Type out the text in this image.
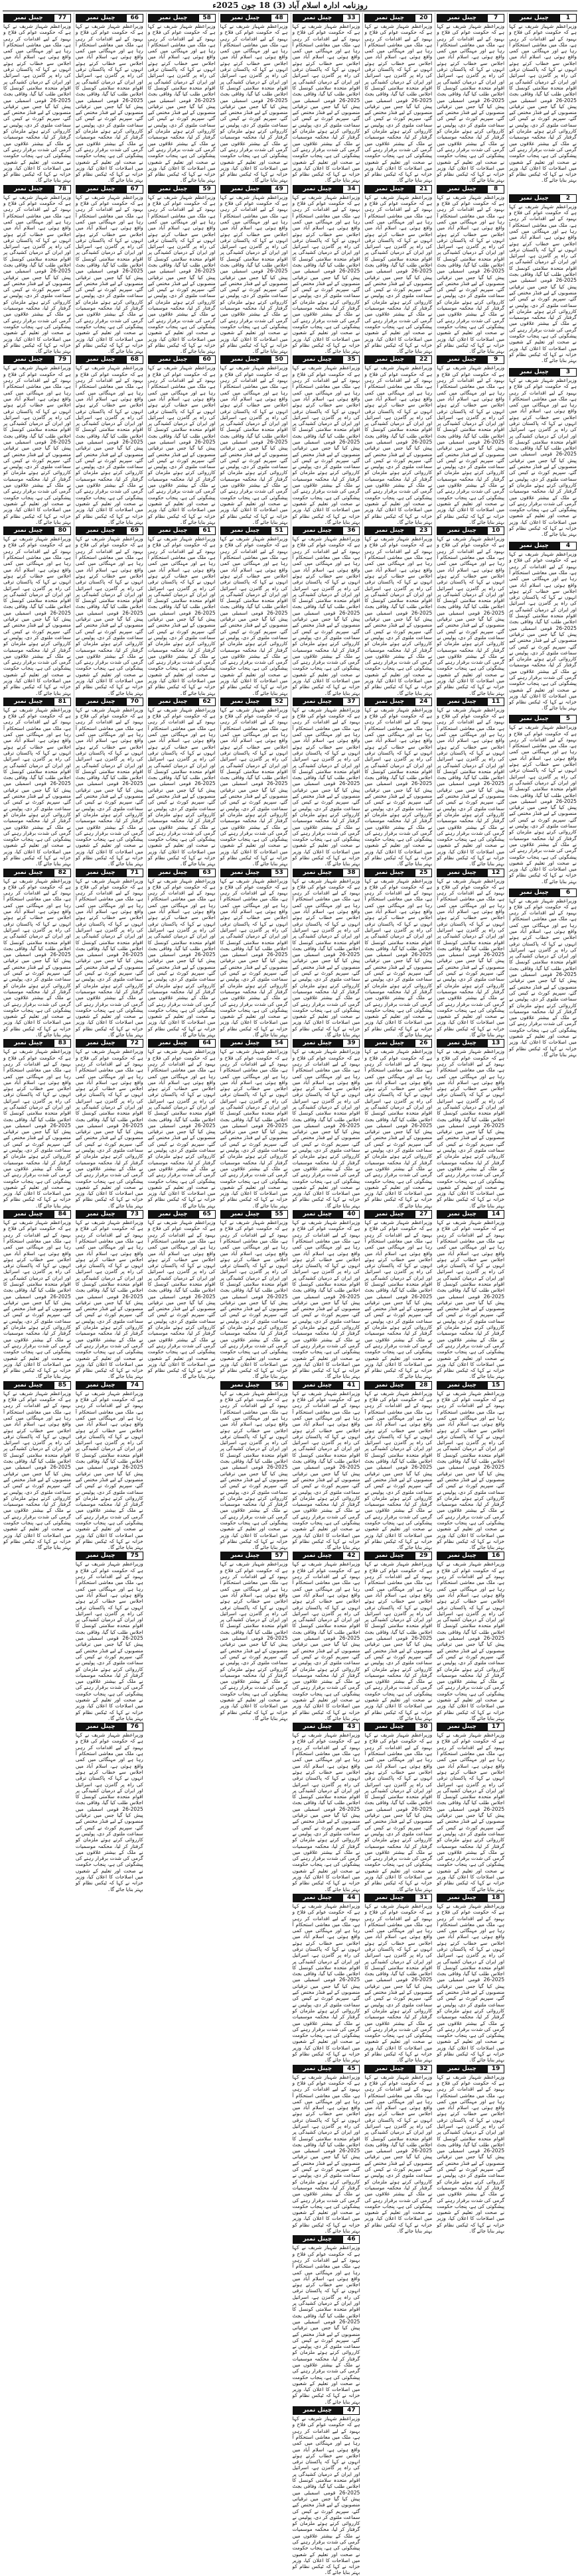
روزنامہ ادارہ اسلام آباد (3) 18 جون 2025ء
1
چینل نمبر
وزیراعظم شہباز شریف نے کہا ہے کہ حکومت عوام کی فلاح و بہبود کے لیے اقدامات کر رہی ہے، ملک میں معاشی استحکام آ رہا ہے اور مہنگائی میں کمی واقع ہوئی ہے، اسلام آباد میں اجلاس سے خطاب کرتے ہوئے انہوں نے کہا کہ پاکستان ترقی کی راہ پر گامزن ہے، اسرائیل اور ایران کے درمیان کشیدگی پر اقوام متحدہ سلامتی کونسل کا اجلاس طلب کیا گیا، وفاقی بجٹ 2025-26 قومی اسمبلی میں پیش کیا گیا جس میں ترقیاتی منصوبوں کے لیے فنڈز مختص کیے گئے، سپریم کورٹ نے کیس کی سماعت ملتوی کر دی، پولیس نے کارروائی کرتے ہوئے ملزمان کو گرفتار کر لیا، محکمہ موسمیات نے ملک کے بیشتر علاقوں میں گرمی کی شدت برقرار رہنے کی پیشگوئی کی ہے، پنجاب حکومت نے صحت اور تعلیم کے شعبوں میں اصلاحات کا اعلان کیا، وزیر خزانہ نے کہا کہ ٹیکس نظام کو بہتر بنایا جائے گا۔
2
چینل نمبر
وزیراعظم شہباز شریف نے کہا ہے کہ حکومت عوام کی فلاح و بہبود کے لیے اقدامات کر رہی ہے، ملک میں معاشی استحکام آ رہا ہے اور مہنگائی میں کمی واقع ہوئی ہے، اسلام آباد میں اجلاس سے خطاب کرتے ہوئے انہوں نے کہا کہ پاکستان ترقی کی راہ پر گامزن ہے، اسرائیل اور ایران کے درمیان کشیدگی پر اقوام متحدہ سلامتی کونسل کا اجلاس طلب کیا گیا، وفاقی بجٹ 2025-26 قومی اسمبلی میں پیش کیا گیا جس میں ترقیاتی منصوبوں کے لیے فنڈز مختص کیے گئے، سپریم کورٹ نے کیس کی سماعت ملتوی کر دی، پولیس نے کارروائی کرتے ہوئے ملزمان کو گرفتار کر لیا، محکمہ موسمیات نے ملک کے بیشتر علاقوں میں گرمی کی شدت برقرار رہنے کی پیشگوئی کی ہے، پنجاب حکومت نے صحت اور تعلیم کے شعبوں میں اصلاحات کا اعلان کیا، وزیر خزانہ نے کہا کہ ٹیکس نظام کو بہتر بنایا جائے گا۔
3
چینل نمبر
وزیراعظم شہباز شریف نے کہا ہے کہ حکومت عوام کی فلاح و بہبود کے لیے اقدامات کر رہی ہے، ملک میں معاشی استحکام آ رہا ہے اور مہنگائی میں کمی واقع ہوئی ہے، اسلام آباد میں اجلاس سے خطاب کرتے ہوئے انہوں نے کہا کہ پاکستان ترقی کی راہ پر گامزن ہے، اسرائیل اور ایران کے درمیان کشیدگی پر اقوام متحدہ سلامتی کونسل کا اجلاس طلب کیا گیا، وفاقی بجٹ 2025-26 قومی اسمبلی میں پیش کیا گیا جس میں ترقیاتی منصوبوں کے لیے فنڈز مختص کیے گئے، سپریم کورٹ نے کیس کی سماعت ملتوی کر دی، پولیس نے کارروائی کرتے ہوئے ملزمان کو گرفتار کر لیا، محکمہ موسمیات نے ملک کے بیشتر علاقوں میں گرمی کی شدت برقرار رہنے کی پیشگوئی کی ہے، پنجاب حکومت نے صحت اور تعلیم کے شعبوں میں اصلاحات کا اعلان کیا، وزیر خزانہ نے کہا کہ ٹیکس نظام کو بہتر بنایا جائے گا۔
4
چینل نمبر
وزیراعظم شہباز شریف نے کہا ہے کہ حکومت عوام کی فلاح و بہبود کے لیے اقدامات کر رہی ہے، ملک میں معاشی استحکام آ رہا ہے اور مہنگائی میں کمی واقع ہوئی ہے، اسلام آباد میں اجلاس سے خطاب کرتے ہوئے انہوں نے کہا کہ پاکستان ترقی کی راہ پر گامزن ہے، اسرائیل اور ایران کے درمیان کشیدگی پر اقوام متحدہ سلامتی کونسل کا اجلاس طلب کیا گیا، وفاقی بجٹ 2025-26 قومی اسمبلی میں پیش کیا گیا جس میں ترقیاتی منصوبوں کے لیے فنڈز مختص کیے گئے، سپریم کورٹ نے کیس کی سماعت ملتوی کر دی، پولیس نے کارروائی کرتے ہوئے ملزمان کو گرفتار کر لیا، محکمہ موسمیات نے ملک کے بیشتر علاقوں میں گرمی کی شدت برقرار رہنے کی پیشگوئی کی ہے، پنجاب حکومت نے صحت اور تعلیم کے شعبوں میں اصلاحات کا اعلان کیا، وزیر خزانہ نے کہا کہ ٹیکس نظام کو بہتر بنایا جائے گا۔
5
چینل نمبر
وزیراعظم شہباز شریف نے کہا ہے کہ حکومت عوام کی فلاح و بہبود کے لیے اقدامات کر رہی ہے، ملک میں معاشی استحکام آ رہا ہے اور مہنگائی میں کمی واقع ہوئی ہے، اسلام آباد میں اجلاس سے خطاب کرتے ہوئے انہوں نے کہا کہ پاکستان ترقی کی راہ پر گامزن ہے، اسرائیل اور ایران کے درمیان کشیدگی پر اقوام متحدہ سلامتی کونسل کا اجلاس طلب کیا گیا، وفاقی بجٹ 2025-26 قومی اسمبلی میں پیش کیا گیا جس میں ترقیاتی منصوبوں کے لیے فنڈز مختص کیے گئے، سپریم کورٹ نے کیس کی سماعت ملتوی کر دی، پولیس نے کارروائی کرتے ہوئے ملزمان کو گرفتار کر لیا، محکمہ موسمیات نے ملک کے بیشتر علاقوں میں گرمی کی شدت برقرار رہنے کی پیشگوئی کی ہے، پنجاب حکومت نے صحت اور تعلیم کے شعبوں میں اصلاحات کا اعلان کیا، وزیر خزانہ نے کہا کہ ٹیکس نظام کو بہتر بنایا جائے گا۔
6
چینل نمبر
وزیراعظم شہباز شریف نے کہا ہے کہ حکومت عوام کی فلاح و بہبود کے لیے اقدامات کر رہی ہے، ملک میں معاشی استحکام آ رہا ہے اور مہنگائی میں کمی واقع ہوئی ہے، اسلام آباد میں اجلاس سے خطاب کرتے ہوئے انہوں نے کہا کہ پاکستان ترقی کی راہ پر گامزن ہے، اسرائیل اور ایران کے درمیان کشیدگی پر اقوام متحدہ سلامتی کونسل کا اجلاس طلب کیا گیا، وفاقی بجٹ 2025-26 قومی اسمبلی میں پیش کیا گیا جس میں ترقیاتی منصوبوں کے لیے فنڈز مختص کیے گئے، سپریم کورٹ نے کیس کی سماعت ملتوی کر دی، پولیس نے کارروائی کرتے ہوئے ملزمان کو گرفتار کر لیا، محکمہ موسمیات نے ملک کے بیشتر علاقوں میں گرمی کی شدت برقرار رہنے کی پیشگوئی کی ہے، پنجاب حکومت نے صحت اور تعلیم کے شعبوں میں اصلاحات کا اعلان کیا، وزیر خزانہ نے کہا کہ ٹیکس نظام کو بہتر بنایا جائے گا۔
7
چینل نمبر
وزیراعظم شہباز شریف نے کہا ہے کہ حکومت عوام کی فلاح و بہبود کے لیے اقدامات کر رہی ہے، ملک میں معاشی استحکام آ رہا ہے اور مہنگائی میں کمی واقع ہوئی ہے، اسلام آباد میں اجلاس سے خطاب کرتے ہوئے انہوں نے کہا کہ پاکستان ترقی کی راہ پر گامزن ہے، اسرائیل اور ایران کے درمیان کشیدگی پر اقوام متحدہ سلامتی کونسل کا اجلاس طلب کیا گیا، وفاقی بجٹ 2025-26 قومی اسمبلی میں پیش کیا گیا جس میں ترقیاتی منصوبوں کے لیے فنڈز مختص کیے گئے، سپریم کورٹ نے کیس کی سماعت ملتوی کر دی، پولیس نے کارروائی کرتے ہوئے ملزمان کو گرفتار کر لیا، محکمہ موسمیات نے ملک کے بیشتر علاقوں میں گرمی کی شدت برقرار رہنے کی پیشگوئی کی ہے، پنجاب حکومت نے صحت اور تعلیم کے شعبوں میں اصلاحات کا اعلان کیا، وزیر خزانہ نے کہا کہ ٹیکس نظام کو بہتر بنایا جائے گا۔
8
چینل نمبر
وزیراعظم شہباز شریف نے کہا ہے کہ حکومت عوام کی فلاح و بہبود کے لیے اقدامات کر رہی ہے، ملک میں معاشی استحکام آ رہا ہے اور مہنگائی میں کمی واقع ہوئی ہے، اسلام آباد میں اجلاس سے خطاب کرتے ہوئے انہوں نے کہا کہ پاکستان ترقی کی راہ پر گامزن ہے، اسرائیل اور ایران کے درمیان کشیدگی پر اقوام متحدہ سلامتی کونسل کا اجلاس طلب کیا گیا، وفاقی بجٹ 2025-26 قومی اسمبلی میں پیش کیا گیا جس میں ترقیاتی منصوبوں کے لیے فنڈز مختص کیے گئے، سپریم کورٹ نے کیس کی سماعت ملتوی کر دی، پولیس نے کارروائی کرتے ہوئے ملزمان کو گرفتار کر لیا، محکمہ موسمیات نے ملک کے بیشتر علاقوں میں گرمی کی شدت برقرار رہنے کی پیشگوئی کی ہے، پنجاب حکومت نے صحت اور تعلیم کے شعبوں میں اصلاحات کا اعلان کیا، وزیر خزانہ نے کہا کہ ٹیکس نظام کو بہتر بنایا جائے گا۔
9
چینل نمبر
وزیراعظم شہباز شریف نے کہا ہے کہ حکومت عوام کی فلاح و بہبود کے لیے اقدامات کر رہی ہے، ملک میں معاشی استحکام آ رہا ہے اور مہنگائی میں کمی واقع ہوئی ہے، اسلام آباد میں اجلاس سے خطاب کرتے ہوئے انہوں نے کہا کہ پاکستان ترقی کی راہ پر گامزن ہے، اسرائیل اور ایران کے درمیان کشیدگی پر اقوام متحدہ سلامتی کونسل کا اجلاس طلب کیا گیا، وفاقی بجٹ 2025-26 قومی اسمبلی میں پیش کیا گیا جس میں ترقیاتی منصوبوں کے لیے فنڈز مختص کیے گئے، سپریم کورٹ نے کیس کی سماعت ملتوی کر دی، پولیس نے کارروائی کرتے ہوئے ملزمان کو گرفتار کر لیا، محکمہ موسمیات نے ملک کے بیشتر علاقوں میں گرمی کی شدت برقرار رہنے کی پیشگوئی کی ہے، پنجاب حکومت نے صحت اور تعلیم کے شعبوں میں اصلاحات کا اعلان کیا، وزیر خزانہ نے کہا کہ ٹیکس نظام کو بہتر بنایا جائے گا۔
10
چینل نمبر
وزیراعظم شہباز شریف نے کہا ہے کہ حکومت عوام کی فلاح و بہبود کے لیے اقدامات کر رہی ہے، ملک میں معاشی استحکام آ رہا ہے اور مہنگائی میں کمی واقع ہوئی ہے، اسلام آباد میں اجلاس سے خطاب کرتے ہوئے انہوں نے کہا کہ پاکستان ترقی کی راہ پر گامزن ہے، اسرائیل اور ایران کے درمیان کشیدگی پر اقوام متحدہ سلامتی کونسل کا اجلاس طلب کیا گیا، وفاقی بجٹ 2025-26 قومی اسمبلی میں پیش کیا گیا جس میں ترقیاتی منصوبوں کے لیے فنڈز مختص کیے گئے، سپریم کورٹ نے کیس کی سماعت ملتوی کر دی، پولیس نے کارروائی کرتے ہوئے ملزمان کو گرفتار کر لیا، محکمہ موسمیات نے ملک کے بیشتر علاقوں میں گرمی کی شدت برقرار رہنے کی پیشگوئی کی ہے، پنجاب حکومت نے صحت اور تعلیم کے شعبوں میں اصلاحات کا اعلان کیا، وزیر خزانہ نے کہا کہ ٹیکس نظام کو بہتر بنایا جائے گا۔
11
چینل نمبر
وزیراعظم شہباز شریف نے کہا ہے کہ حکومت عوام کی فلاح و بہبود کے لیے اقدامات کر رہی ہے، ملک میں معاشی استحکام آ رہا ہے اور مہنگائی میں کمی واقع ہوئی ہے، اسلام آباد میں اجلاس سے خطاب کرتے ہوئے انہوں نے کہا کہ پاکستان ترقی کی راہ پر گامزن ہے، اسرائیل اور ایران کے درمیان کشیدگی پر اقوام متحدہ سلامتی کونسل کا اجلاس طلب کیا گیا، وفاقی بجٹ 2025-26 قومی اسمبلی میں پیش کیا گیا جس میں ترقیاتی منصوبوں کے لیے فنڈز مختص کیے گئے، سپریم کورٹ نے کیس کی سماعت ملتوی کر دی، پولیس نے کارروائی کرتے ہوئے ملزمان کو گرفتار کر لیا، محکمہ موسمیات نے ملک کے بیشتر علاقوں میں گرمی کی شدت برقرار رہنے کی پیشگوئی کی ہے، پنجاب حکومت نے صحت اور تعلیم کے شعبوں میں اصلاحات کا اعلان کیا، وزیر خزانہ نے کہا کہ ٹیکس نظام کو بہتر بنایا جائے گا۔
12
چینل نمبر
وزیراعظم شہباز شریف نے کہا ہے کہ حکومت عوام کی فلاح و بہبود کے لیے اقدامات کر رہی ہے، ملک میں معاشی استحکام آ رہا ہے اور مہنگائی میں کمی واقع ہوئی ہے، اسلام آباد میں اجلاس سے خطاب کرتے ہوئے انہوں نے کہا کہ پاکستان ترقی کی راہ پر گامزن ہے، اسرائیل اور ایران کے درمیان کشیدگی پر اقوام متحدہ سلامتی کونسل کا اجلاس طلب کیا گیا، وفاقی بجٹ 2025-26 قومی اسمبلی میں پیش کیا گیا جس میں ترقیاتی منصوبوں کے لیے فنڈز مختص کیے گئے، سپریم کورٹ نے کیس کی سماعت ملتوی کر دی، پولیس نے کارروائی کرتے ہوئے ملزمان کو گرفتار کر لیا، محکمہ موسمیات نے ملک کے بیشتر علاقوں میں گرمی کی شدت برقرار رہنے کی پیشگوئی کی ہے، پنجاب حکومت نے صحت اور تعلیم کے شعبوں میں اصلاحات کا اعلان کیا، وزیر خزانہ نے کہا کہ ٹیکس نظام کو بہتر بنایا جائے گا۔
13
چینل نمبر
وزیراعظم شہباز شریف نے کہا ہے کہ حکومت عوام کی فلاح و بہبود کے لیے اقدامات کر رہی ہے، ملک میں معاشی استحکام آ رہا ہے اور مہنگائی میں کمی واقع ہوئی ہے، اسلام آباد میں اجلاس سے خطاب کرتے ہوئے انہوں نے کہا کہ پاکستان ترقی کی راہ پر گامزن ہے، اسرائیل اور ایران کے درمیان کشیدگی پر اقوام متحدہ سلامتی کونسل کا اجلاس طلب کیا گیا، وفاقی بجٹ 2025-26 قومی اسمبلی میں پیش کیا گیا جس میں ترقیاتی منصوبوں کے لیے فنڈز مختص کیے گئے، سپریم کورٹ نے کیس کی سماعت ملتوی کر دی، پولیس نے کارروائی کرتے ہوئے ملزمان کو گرفتار کر لیا، محکمہ موسمیات نے ملک کے بیشتر علاقوں میں گرمی کی شدت برقرار رہنے کی پیشگوئی کی ہے، پنجاب حکومت نے صحت اور تعلیم کے شعبوں میں اصلاحات کا اعلان کیا، وزیر خزانہ نے کہا کہ ٹیکس نظام کو بہتر بنایا جائے گا۔
14
چینل نمبر
وزیراعظم شہباز شریف نے کہا ہے کہ حکومت عوام کی فلاح و بہبود کے لیے اقدامات کر رہی ہے، ملک میں معاشی استحکام آ رہا ہے اور مہنگائی میں کمی واقع ہوئی ہے، اسلام آباد میں اجلاس سے خطاب کرتے ہوئے انہوں نے کہا کہ پاکستان ترقی کی راہ پر گامزن ہے، اسرائیل اور ایران کے درمیان کشیدگی پر اقوام متحدہ سلامتی کونسل کا اجلاس طلب کیا گیا، وفاقی بجٹ 2025-26 قومی اسمبلی میں پیش کیا گیا جس میں ترقیاتی منصوبوں کے لیے فنڈز مختص کیے گئے، سپریم کورٹ نے کیس کی سماعت ملتوی کر دی، پولیس نے کارروائی کرتے ہوئے ملزمان کو گرفتار کر لیا، محکمہ موسمیات نے ملک کے بیشتر علاقوں میں گرمی کی شدت برقرار رہنے کی پیشگوئی کی ہے، پنجاب حکومت نے صحت اور تعلیم کے شعبوں میں اصلاحات کا اعلان کیا، وزیر خزانہ نے کہا کہ ٹیکس نظام کو بہتر بنایا جائے گا۔
15
چینل نمبر
وزیراعظم شہباز شریف نے کہا ہے کہ حکومت عوام کی فلاح و بہبود کے لیے اقدامات کر رہی ہے، ملک میں معاشی استحکام آ رہا ہے اور مہنگائی میں کمی واقع ہوئی ہے، اسلام آباد میں اجلاس سے خطاب کرتے ہوئے انہوں نے کہا کہ پاکستان ترقی کی راہ پر گامزن ہے، اسرائیل اور ایران کے درمیان کشیدگی پر اقوام متحدہ سلامتی کونسل کا اجلاس طلب کیا گیا، وفاقی بجٹ 2025-26 قومی اسمبلی میں پیش کیا گیا جس میں ترقیاتی منصوبوں کے لیے فنڈز مختص کیے گئے، سپریم کورٹ نے کیس کی سماعت ملتوی کر دی، پولیس نے کارروائی کرتے ہوئے ملزمان کو گرفتار کر لیا، محکمہ موسمیات نے ملک کے بیشتر علاقوں میں گرمی کی شدت برقرار رہنے کی پیشگوئی کی ہے، پنجاب حکومت نے صحت اور تعلیم کے شعبوں میں اصلاحات کا اعلان کیا، وزیر خزانہ نے کہا کہ ٹیکس نظام کو بہتر بنایا جائے گا۔
16
چینل نمبر
وزیراعظم شہباز شریف نے کہا ہے کہ حکومت عوام کی فلاح و بہبود کے لیے اقدامات کر رہی ہے، ملک میں معاشی استحکام آ رہا ہے اور مہنگائی میں کمی واقع ہوئی ہے، اسلام آباد میں اجلاس سے خطاب کرتے ہوئے انہوں نے کہا کہ پاکستان ترقی کی راہ پر گامزن ہے، اسرائیل اور ایران کے درمیان کشیدگی پر اقوام متحدہ سلامتی کونسل کا اجلاس طلب کیا گیا، وفاقی بجٹ 2025-26 قومی اسمبلی میں پیش کیا گیا جس میں ترقیاتی منصوبوں کے لیے فنڈز مختص کیے گئے، سپریم کورٹ نے کیس کی سماعت ملتوی کر دی، پولیس نے کارروائی کرتے ہوئے ملزمان کو گرفتار کر لیا، محکمہ موسمیات نے ملک کے بیشتر علاقوں میں گرمی کی شدت برقرار رہنے کی پیشگوئی کی ہے، پنجاب حکومت نے صحت اور تعلیم کے شعبوں میں اصلاحات کا اعلان کیا، وزیر خزانہ نے کہا کہ ٹیکس نظام کو بہتر بنایا جائے گا۔
17
چینل نمبر
وزیراعظم شہباز شریف نے کہا ہے کہ حکومت عوام کی فلاح و بہبود کے لیے اقدامات کر رہی ہے، ملک میں معاشی استحکام آ رہا ہے اور مہنگائی میں کمی واقع ہوئی ہے، اسلام آباد میں اجلاس سے خطاب کرتے ہوئے انہوں نے کہا کہ پاکستان ترقی کی راہ پر گامزن ہے، اسرائیل اور ایران کے درمیان کشیدگی پر اقوام متحدہ سلامتی کونسل کا اجلاس طلب کیا گیا، وفاقی بجٹ 2025-26 قومی اسمبلی میں پیش کیا گیا جس میں ترقیاتی منصوبوں کے لیے فنڈز مختص کیے گئے، سپریم کورٹ نے کیس کی سماعت ملتوی کر دی، پولیس نے کارروائی کرتے ہوئے ملزمان کو گرفتار کر لیا، محکمہ موسمیات نے ملک کے بیشتر علاقوں میں گرمی کی شدت برقرار رہنے کی پیشگوئی کی ہے، پنجاب حکومت نے صحت اور تعلیم کے شعبوں میں اصلاحات کا اعلان کیا، وزیر خزانہ نے کہا کہ ٹیکس نظام کو بہتر بنایا جائے گا۔
18
چینل نمبر
وزیراعظم شہباز شریف نے کہا ہے کہ حکومت عوام کی فلاح و بہبود کے لیے اقدامات کر رہی ہے، ملک میں معاشی استحکام آ رہا ہے اور مہنگائی میں کمی واقع ہوئی ہے، اسلام آباد میں اجلاس سے خطاب کرتے ہوئے انہوں نے کہا کہ پاکستان ترقی کی راہ پر گامزن ہے، اسرائیل اور ایران کے درمیان کشیدگی پر اقوام متحدہ سلامتی کونسل کا اجلاس طلب کیا گیا، وفاقی بجٹ 2025-26 قومی اسمبلی میں پیش کیا گیا جس میں ترقیاتی منصوبوں کے لیے فنڈز مختص کیے گئے، سپریم کورٹ نے کیس کی سماعت ملتوی کر دی، پولیس نے کارروائی کرتے ہوئے ملزمان کو گرفتار کر لیا، محکمہ موسمیات نے ملک کے بیشتر علاقوں میں گرمی کی شدت برقرار رہنے کی پیشگوئی کی ہے، پنجاب حکومت نے صحت اور تعلیم کے شعبوں میں اصلاحات کا اعلان کیا، وزیر خزانہ نے کہا کہ ٹیکس نظام کو بہتر بنایا جائے گا۔
19
چینل نمبر
وزیراعظم شہباز شریف نے کہا ہے کہ حکومت عوام کی فلاح و بہبود کے لیے اقدامات کر رہی ہے، ملک میں معاشی استحکام آ رہا ہے اور مہنگائی میں کمی واقع ہوئی ہے، اسلام آباد میں اجلاس سے خطاب کرتے ہوئے انہوں نے کہا کہ پاکستان ترقی کی راہ پر گامزن ہے، اسرائیل اور ایران کے درمیان کشیدگی پر اقوام متحدہ سلامتی کونسل کا اجلاس طلب کیا گیا، وفاقی بجٹ 2025-26 قومی اسمبلی میں پیش کیا گیا جس میں ترقیاتی منصوبوں کے لیے فنڈز مختص کیے گئے، سپریم کورٹ نے کیس کی سماعت ملتوی کر دی، پولیس نے کارروائی کرتے ہوئے ملزمان کو گرفتار کر لیا، محکمہ موسمیات نے ملک کے بیشتر علاقوں میں گرمی کی شدت برقرار رہنے کی پیشگوئی کی ہے، پنجاب حکومت نے صحت اور تعلیم کے شعبوں میں اصلاحات کا اعلان کیا، وزیر خزانہ نے کہا کہ ٹیکس نظام کو بہتر بنایا جائے گا۔
20
چینل نمبر
وزیراعظم شہباز شریف نے کہا ہے کہ حکومت عوام کی فلاح و بہبود کے لیے اقدامات کر رہی ہے، ملک میں معاشی استحکام آ رہا ہے اور مہنگائی میں کمی واقع ہوئی ہے، اسلام آباد میں اجلاس سے خطاب کرتے ہوئے انہوں نے کہا کہ پاکستان ترقی کی راہ پر گامزن ہے، اسرائیل اور ایران کے درمیان کشیدگی پر اقوام متحدہ سلامتی کونسل کا اجلاس طلب کیا گیا، وفاقی بجٹ 2025-26 قومی اسمبلی میں پیش کیا گیا جس میں ترقیاتی منصوبوں کے لیے فنڈز مختص کیے گئے، سپریم کورٹ نے کیس کی سماعت ملتوی کر دی، پولیس نے کارروائی کرتے ہوئے ملزمان کو گرفتار کر لیا، محکمہ موسمیات نے ملک کے بیشتر علاقوں میں گرمی کی شدت برقرار رہنے کی پیشگوئی کی ہے، پنجاب حکومت نے صحت اور تعلیم کے شعبوں میں اصلاحات کا اعلان کیا، وزیر خزانہ نے کہا کہ ٹیکس نظام کو بہتر بنایا جائے گا۔
21
چینل نمبر
وزیراعظم شہباز شریف نے کہا ہے کہ حکومت عوام کی فلاح و بہبود کے لیے اقدامات کر رہی ہے، ملک میں معاشی استحکام آ رہا ہے اور مہنگائی میں کمی واقع ہوئی ہے، اسلام آباد میں اجلاس سے خطاب کرتے ہوئے انہوں نے کہا کہ پاکستان ترقی کی راہ پر گامزن ہے، اسرائیل اور ایران کے درمیان کشیدگی پر اقوام متحدہ سلامتی کونسل کا اجلاس طلب کیا گیا، وفاقی بجٹ 2025-26 قومی اسمبلی میں پیش کیا گیا جس میں ترقیاتی منصوبوں کے لیے فنڈز مختص کیے گئے، سپریم کورٹ نے کیس کی سماعت ملتوی کر دی، پولیس نے کارروائی کرتے ہوئے ملزمان کو گرفتار کر لیا، محکمہ موسمیات نے ملک کے بیشتر علاقوں میں گرمی کی شدت برقرار رہنے کی پیشگوئی کی ہے، پنجاب حکومت نے صحت اور تعلیم کے شعبوں میں اصلاحات کا اعلان کیا، وزیر خزانہ نے کہا کہ ٹیکس نظام کو بہتر بنایا جائے گا۔
22
چینل نمبر
وزیراعظم شہباز شریف نے کہا ہے کہ حکومت عوام کی فلاح و بہبود کے لیے اقدامات کر رہی ہے، ملک میں معاشی استحکام آ رہا ہے اور مہنگائی میں کمی واقع ہوئی ہے، اسلام آباد میں اجلاس سے خطاب کرتے ہوئے انہوں نے کہا کہ پاکستان ترقی کی راہ پر گامزن ہے، اسرائیل اور ایران کے درمیان کشیدگی پر اقوام متحدہ سلامتی کونسل کا اجلاس طلب کیا گیا، وفاقی بجٹ 2025-26 قومی اسمبلی میں پیش کیا گیا جس میں ترقیاتی منصوبوں کے لیے فنڈز مختص کیے گئے، سپریم کورٹ نے کیس کی سماعت ملتوی کر دی، پولیس نے کارروائی کرتے ہوئے ملزمان کو گرفتار کر لیا، محکمہ موسمیات نے ملک کے بیشتر علاقوں میں گرمی کی شدت برقرار رہنے کی پیشگوئی کی ہے، پنجاب حکومت نے صحت اور تعلیم کے شعبوں میں اصلاحات کا اعلان کیا، وزیر خزانہ نے کہا کہ ٹیکس نظام کو بہتر بنایا جائے گا۔
23
چینل نمبر
وزیراعظم شہباز شریف نے کہا ہے کہ حکومت عوام کی فلاح و بہبود کے لیے اقدامات کر رہی ہے، ملک میں معاشی استحکام آ رہا ہے اور مہنگائی میں کمی واقع ہوئی ہے، اسلام آباد میں اجلاس سے خطاب کرتے ہوئے انہوں نے کہا کہ پاکستان ترقی کی راہ پر گامزن ہے، اسرائیل اور ایران کے درمیان کشیدگی پر اقوام متحدہ سلامتی کونسل کا اجلاس طلب کیا گیا، وفاقی بجٹ 2025-26 قومی اسمبلی میں پیش کیا گیا جس میں ترقیاتی منصوبوں کے لیے فنڈز مختص کیے گئے، سپریم کورٹ نے کیس کی سماعت ملتوی کر دی، پولیس نے کارروائی کرتے ہوئے ملزمان کو گرفتار کر لیا، محکمہ موسمیات نے ملک کے بیشتر علاقوں میں گرمی کی شدت برقرار رہنے کی پیشگوئی کی ہے، پنجاب حکومت نے صحت اور تعلیم کے شعبوں میں اصلاحات کا اعلان کیا، وزیر خزانہ نے کہا کہ ٹیکس نظام کو بہتر بنایا جائے گا۔
24
چینل نمبر
وزیراعظم شہباز شریف نے کہا ہے کہ حکومت عوام کی فلاح و بہبود کے لیے اقدامات کر رہی ہے، ملک میں معاشی استحکام آ رہا ہے اور مہنگائی میں کمی واقع ہوئی ہے، اسلام آباد میں اجلاس سے خطاب کرتے ہوئے انہوں نے کہا کہ پاکستان ترقی کی راہ پر گامزن ہے، اسرائیل اور ایران کے درمیان کشیدگی پر اقوام متحدہ سلامتی کونسل کا اجلاس طلب کیا گیا، وفاقی بجٹ 2025-26 قومی اسمبلی میں پیش کیا گیا جس میں ترقیاتی منصوبوں کے لیے فنڈز مختص کیے گئے، سپریم کورٹ نے کیس کی سماعت ملتوی کر دی، پولیس نے کارروائی کرتے ہوئے ملزمان کو گرفتار کر لیا، محکمہ موسمیات نے ملک کے بیشتر علاقوں میں گرمی کی شدت برقرار رہنے کی پیشگوئی کی ہے، پنجاب حکومت نے صحت اور تعلیم کے شعبوں میں اصلاحات کا اعلان کیا، وزیر خزانہ نے کہا کہ ٹیکس نظام کو بہتر بنایا جائے گا۔
25
چینل نمبر
وزیراعظم شہباز شریف نے کہا ہے کہ حکومت عوام کی فلاح و بہبود کے لیے اقدامات کر رہی ہے، ملک میں معاشی استحکام آ رہا ہے اور مہنگائی میں کمی واقع ہوئی ہے، اسلام آباد میں اجلاس سے خطاب کرتے ہوئے انہوں نے کہا کہ پاکستان ترقی کی راہ پر گامزن ہے، اسرائیل اور ایران کے درمیان کشیدگی پر اقوام متحدہ سلامتی کونسل کا اجلاس طلب کیا گیا، وفاقی بجٹ 2025-26 قومی اسمبلی میں پیش کیا گیا جس میں ترقیاتی منصوبوں کے لیے فنڈز مختص کیے گئے، سپریم کورٹ نے کیس کی سماعت ملتوی کر دی، پولیس نے کارروائی کرتے ہوئے ملزمان کو گرفتار کر لیا، محکمہ موسمیات نے ملک کے بیشتر علاقوں میں گرمی کی شدت برقرار رہنے کی پیشگوئی کی ہے، پنجاب حکومت نے صحت اور تعلیم کے شعبوں میں اصلاحات کا اعلان کیا، وزیر خزانہ نے کہا کہ ٹیکس نظام کو بہتر بنایا جائے گا۔
26
چینل نمبر
وزیراعظم شہباز شریف نے کہا ہے کہ حکومت عوام کی فلاح و بہبود کے لیے اقدامات کر رہی ہے، ملک میں معاشی استحکام آ رہا ہے اور مہنگائی میں کمی واقع ہوئی ہے، اسلام آباد میں اجلاس سے خطاب کرتے ہوئے انہوں نے کہا کہ پاکستان ترقی کی راہ پر گامزن ہے، اسرائیل اور ایران کے درمیان کشیدگی پر اقوام متحدہ سلامتی کونسل کا اجلاس طلب کیا گیا، وفاقی بجٹ 2025-26 قومی اسمبلی میں پیش کیا گیا جس میں ترقیاتی منصوبوں کے لیے فنڈز مختص کیے گئے، سپریم کورٹ نے کیس کی سماعت ملتوی کر دی، پولیس نے کارروائی کرتے ہوئے ملزمان کو گرفتار کر لیا، محکمہ موسمیات نے ملک کے بیشتر علاقوں میں گرمی کی شدت برقرار رہنے کی پیشگوئی کی ہے، پنجاب حکومت نے صحت اور تعلیم کے شعبوں میں اصلاحات کا اعلان کیا، وزیر خزانہ نے کہا کہ ٹیکس نظام کو بہتر بنایا جائے گا۔
27
چینل نمبر
وزیراعظم شہباز شریف نے کہا ہے کہ حکومت عوام کی فلاح و بہبود کے لیے اقدامات کر رہی ہے، ملک میں معاشی استحکام آ رہا ہے اور مہنگائی میں کمی واقع ہوئی ہے، اسلام آباد میں اجلاس سے خطاب کرتے ہوئے انہوں نے کہا کہ پاکستان ترقی کی راہ پر گامزن ہے، اسرائیل اور ایران کے درمیان کشیدگی پر اقوام متحدہ سلامتی کونسل کا اجلاس طلب کیا گیا، وفاقی بجٹ 2025-26 قومی اسمبلی میں پیش کیا گیا جس میں ترقیاتی منصوبوں کے لیے فنڈز مختص کیے گئے، سپریم کورٹ نے کیس کی سماعت ملتوی کر دی، پولیس نے کارروائی کرتے ہوئے ملزمان کو گرفتار کر لیا، محکمہ موسمیات نے ملک کے بیشتر علاقوں میں گرمی کی شدت برقرار رہنے کی پیشگوئی کی ہے، پنجاب حکومت نے صحت اور تعلیم کے شعبوں میں اصلاحات کا اعلان کیا، وزیر خزانہ نے کہا کہ ٹیکس نظام کو بہتر بنایا جائے گا۔
28
چینل نمبر
وزیراعظم شہباز شریف نے کہا ہے کہ حکومت عوام کی فلاح و بہبود کے لیے اقدامات کر رہی ہے، ملک میں معاشی استحکام آ رہا ہے اور مہنگائی میں کمی واقع ہوئی ہے، اسلام آباد میں اجلاس سے خطاب کرتے ہوئے انہوں نے کہا کہ پاکستان ترقی کی راہ پر گامزن ہے، اسرائیل اور ایران کے درمیان کشیدگی پر اقوام متحدہ سلامتی کونسل کا اجلاس طلب کیا گیا، وفاقی بجٹ 2025-26 قومی اسمبلی میں پیش کیا گیا جس میں ترقیاتی منصوبوں کے لیے فنڈز مختص کیے گئے، سپریم کورٹ نے کیس کی سماعت ملتوی کر دی، پولیس نے کارروائی کرتے ہوئے ملزمان کو گرفتار کر لیا، محکمہ موسمیات نے ملک کے بیشتر علاقوں میں گرمی کی شدت برقرار رہنے کی پیشگوئی کی ہے، پنجاب حکومت نے صحت اور تعلیم کے شعبوں میں اصلاحات کا اعلان کیا، وزیر خزانہ نے کہا کہ ٹیکس نظام کو بہتر بنایا جائے گا۔
29
چینل نمبر
وزیراعظم شہباز شریف نے کہا ہے کہ حکومت عوام کی فلاح و بہبود کے لیے اقدامات کر رہی ہے، ملک میں معاشی استحکام آ رہا ہے اور مہنگائی میں کمی واقع ہوئی ہے، اسلام آباد میں اجلاس سے خطاب کرتے ہوئے انہوں نے کہا کہ پاکستان ترقی کی راہ پر گامزن ہے، اسرائیل اور ایران کے درمیان کشیدگی پر اقوام متحدہ سلامتی کونسل کا اجلاس طلب کیا گیا، وفاقی بجٹ 2025-26 قومی اسمبلی میں پیش کیا گیا جس میں ترقیاتی منصوبوں کے لیے فنڈز مختص کیے گئے، سپریم کورٹ نے کیس کی سماعت ملتوی کر دی، پولیس نے کارروائی کرتے ہوئے ملزمان کو گرفتار کر لیا، محکمہ موسمیات نے ملک کے بیشتر علاقوں میں گرمی کی شدت برقرار رہنے کی پیشگوئی کی ہے، پنجاب حکومت نے صحت اور تعلیم کے شعبوں میں اصلاحات کا اعلان کیا، وزیر خزانہ نے کہا کہ ٹیکس نظام کو بہتر بنایا جائے گا۔
30
چینل نمبر
وزیراعظم شہباز شریف نے کہا ہے کہ حکومت عوام کی فلاح و بہبود کے لیے اقدامات کر رہی ہے، ملک میں معاشی استحکام آ رہا ہے اور مہنگائی میں کمی واقع ہوئی ہے، اسلام آباد میں اجلاس سے خطاب کرتے ہوئے انہوں نے کہا کہ پاکستان ترقی کی راہ پر گامزن ہے، اسرائیل اور ایران کے درمیان کشیدگی پر اقوام متحدہ سلامتی کونسل کا اجلاس طلب کیا گیا، وفاقی بجٹ 2025-26 قومی اسمبلی میں پیش کیا گیا جس میں ترقیاتی منصوبوں کے لیے فنڈز مختص کیے گئے، سپریم کورٹ نے کیس کی سماعت ملتوی کر دی، پولیس نے کارروائی کرتے ہوئے ملزمان کو گرفتار کر لیا، محکمہ موسمیات نے ملک کے بیشتر علاقوں میں گرمی کی شدت برقرار رہنے کی پیشگوئی کی ہے، پنجاب حکومت نے صحت اور تعلیم کے شعبوں میں اصلاحات کا اعلان کیا، وزیر خزانہ نے کہا کہ ٹیکس نظام کو بہتر بنایا جائے گا۔
31
چینل نمبر
وزیراعظم شہباز شریف نے کہا ہے کہ حکومت عوام کی فلاح و بہبود کے لیے اقدامات کر رہی ہے، ملک میں معاشی استحکام آ رہا ہے اور مہنگائی میں کمی واقع ہوئی ہے، اسلام آباد میں اجلاس سے خطاب کرتے ہوئے انہوں نے کہا کہ پاکستان ترقی کی راہ پر گامزن ہے، اسرائیل اور ایران کے درمیان کشیدگی پر اقوام متحدہ سلامتی کونسل کا اجلاس طلب کیا گیا، وفاقی بجٹ 2025-26 قومی اسمبلی میں پیش کیا گیا جس میں ترقیاتی منصوبوں کے لیے فنڈز مختص کیے گئے، سپریم کورٹ نے کیس کی سماعت ملتوی کر دی، پولیس نے کارروائی کرتے ہوئے ملزمان کو گرفتار کر لیا، محکمہ موسمیات نے ملک کے بیشتر علاقوں میں گرمی کی شدت برقرار رہنے کی پیشگوئی کی ہے، پنجاب حکومت نے صحت اور تعلیم کے شعبوں میں اصلاحات کا اعلان کیا، وزیر خزانہ نے کہا کہ ٹیکس نظام کو بہتر بنایا جائے گا۔
32
چینل نمبر
وزیراعظم شہباز شریف نے کہا ہے کہ حکومت عوام کی فلاح و بہبود کے لیے اقدامات کر رہی ہے، ملک میں معاشی استحکام آ رہا ہے اور مہنگائی میں کمی واقع ہوئی ہے، اسلام آباد میں اجلاس سے خطاب کرتے ہوئے انہوں نے کہا کہ پاکستان ترقی کی راہ پر گامزن ہے، اسرائیل اور ایران کے درمیان کشیدگی پر اقوام متحدہ سلامتی کونسل کا اجلاس طلب کیا گیا، وفاقی بجٹ 2025-26 قومی اسمبلی میں پیش کیا گیا جس میں ترقیاتی منصوبوں کے لیے فنڈز مختص کیے گئے، سپریم کورٹ نے کیس کی سماعت ملتوی کر دی، پولیس نے کارروائی کرتے ہوئے ملزمان کو گرفتار کر لیا، محکمہ موسمیات نے ملک کے بیشتر علاقوں میں گرمی کی شدت برقرار رہنے کی پیشگوئی کی ہے، پنجاب حکومت نے صحت اور تعلیم کے شعبوں میں اصلاحات کا اعلان کیا، وزیر خزانہ نے کہا کہ ٹیکس نظام کو بہتر بنایا جائے گا۔
33
چینل نمبر
وزیراعظم شہباز شریف نے کہا ہے کہ حکومت عوام کی فلاح و بہبود کے لیے اقدامات کر رہی ہے، ملک میں معاشی استحکام آ رہا ہے اور مہنگائی میں کمی واقع ہوئی ہے، اسلام آباد میں اجلاس سے خطاب کرتے ہوئے انہوں نے کہا کہ پاکستان ترقی کی راہ پر گامزن ہے، اسرائیل اور ایران کے درمیان کشیدگی پر اقوام متحدہ سلامتی کونسل کا اجلاس طلب کیا گیا، وفاقی بجٹ 2025-26 قومی اسمبلی میں پیش کیا گیا جس میں ترقیاتی منصوبوں کے لیے فنڈز مختص کیے گئے، سپریم کورٹ نے کیس کی سماعت ملتوی کر دی، پولیس نے کارروائی کرتے ہوئے ملزمان کو گرفتار کر لیا، محکمہ موسمیات نے ملک کے بیشتر علاقوں میں گرمی کی شدت برقرار رہنے کی پیشگوئی کی ہے، پنجاب حکومت نے صحت اور تعلیم کے شعبوں میں اصلاحات کا اعلان کیا، وزیر خزانہ نے کہا کہ ٹیکس نظام کو بہتر بنایا جائے گا۔
34
چینل نمبر
وزیراعظم شہباز شریف نے کہا ہے کہ حکومت عوام کی فلاح و بہبود کے لیے اقدامات کر رہی ہے، ملک میں معاشی استحکام آ رہا ہے اور مہنگائی میں کمی واقع ہوئی ہے، اسلام آباد میں اجلاس سے خطاب کرتے ہوئے انہوں نے کہا کہ پاکستان ترقی کی راہ پر گامزن ہے، اسرائیل اور ایران کے درمیان کشیدگی پر اقوام متحدہ سلامتی کونسل کا اجلاس طلب کیا گیا، وفاقی بجٹ 2025-26 قومی اسمبلی میں پیش کیا گیا جس میں ترقیاتی منصوبوں کے لیے فنڈز مختص کیے گئے، سپریم کورٹ نے کیس کی سماعت ملتوی کر دی، پولیس نے کارروائی کرتے ہوئے ملزمان کو گرفتار کر لیا، محکمہ موسمیات نے ملک کے بیشتر علاقوں میں گرمی کی شدت برقرار رہنے کی پیشگوئی کی ہے، پنجاب حکومت نے صحت اور تعلیم کے شعبوں میں اصلاحات کا اعلان کیا، وزیر خزانہ نے کہا کہ ٹیکس نظام کو بہتر بنایا جائے گا۔
35
چینل نمبر
وزیراعظم شہباز شریف نے کہا ہے کہ حکومت عوام کی فلاح و بہبود کے لیے اقدامات کر رہی ہے، ملک میں معاشی استحکام آ رہا ہے اور مہنگائی میں کمی واقع ہوئی ہے، اسلام آباد میں اجلاس سے خطاب کرتے ہوئے انہوں نے کہا کہ پاکستان ترقی کی راہ پر گامزن ہے، اسرائیل اور ایران کے درمیان کشیدگی پر اقوام متحدہ سلامتی کونسل کا اجلاس طلب کیا گیا، وفاقی بجٹ 2025-26 قومی اسمبلی میں پیش کیا گیا جس میں ترقیاتی منصوبوں کے لیے فنڈز مختص کیے گئے، سپریم کورٹ نے کیس کی سماعت ملتوی کر دی، پولیس نے کارروائی کرتے ہوئے ملزمان کو گرفتار کر لیا، محکمہ موسمیات نے ملک کے بیشتر علاقوں میں گرمی کی شدت برقرار رہنے کی پیشگوئی کی ہے، پنجاب حکومت نے صحت اور تعلیم کے شعبوں میں اصلاحات کا اعلان کیا، وزیر خزانہ نے کہا کہ ٹیکس نظام کو بہتر بنایا جائے گا۔
36
چینل نمبر
وزیراعظم شہباز شریف نے کہا ہے کہ حکومت عوام کی فلاح و بہبود کے لیے اقدامات کر رہی ہے، ملک میں معاشی استحکام آ رہا ہے اور مہنگائی میں کمی واقع ہوئی ہے، اسلام آباد میں اجلاس سے خطاب کرتے ہوئے انہوں نے کہا کہ پاکستان ترقی کی راہ پر گامزن ہے، اسرائیل اور ایران کے درمیان کشیدگی پر اقوام متحدہ سلامتی کونسل کا اجلاس طلب کیا گیا، وفاقی بجٹ 2025-26 قومی اسمبلی میں پیش کیا گیا جس میں ترقیاتی منصوبوں کے لیے فنڈز مختص کیے گئے، سپریم کورٹ نے کیس کی سماعت ملتوی کر دی، پولیس نے کارروائی کرتے ہوئے ملزمان کو گرفتار کر لیا، محکمہ موسمیات نے ملک کے بیشتر علاقوں میں گرمی کی شدت برقرار رہنے کی پیشگوئی کی ہے، پنجاب حکومت نے صحت اور تعلیم کے شعبوں میں اصلاحات کا اعلان کیا، وزیر خزانہ نے کہا کہ ٹیکس نظام کو بہتر بنایا جائے گا۔
37
چینل نمبر
وزیراعظم شہباز شریف نے کہا ہے کہ حکومت عوام کی فلاح و بہبود کے لیے اقدامات کر رہی ہے، ملک میں معاشی استحکام آ رہا ہے اور مہنگائی میں کمی واقع ہوئی ہے، اسلام آباد میں اجلاس سے خطاب کرتے ہوئے انہوں نے کہا کہ پاکستان ترقی کی راہ پر گامزن ہے، اسرائیل اور ایران کے درمیان کشیدگی پر اقوام متحدہ سلامتی کونسل کا اجلاس طلب کیا گیا، وفاقی بجٹ 2025-26 قومی اسمبلی میں پیش کیا گیا جس میں ترقیاتی منصوبوں کے لیے فنڈز مختص کیے گئے، سپریم کورٹ نے کیس کی سماعت ملتوی کر دی، پولیس نے کارروائی کرتے ہوئے ملزمان کو گرفتار کر لیا، محکمہ موسمیات نے ملک کے بیشتر علاقوں میں گرمی کی شدت برقرار رہنے کی پیشگوئی کی ہے، پنجاب حکومت نے صحت اور تعلیم کے شعبوں میں اصلاحات کا اعلان کیا، وزیر خزانہ نے کہا کہ ٹیکس نظام کو بہتر بنایا جائے گا۔
38
چینل نمبر
وزیراعظم شہباز شریف نے کہا ہے کہ حکومت عوام کی فلاح و بہبود کے لیے اقدامات کر رہی ہے، ملک میں معاشی استحکام آ رہا ہے اور مہنگائی میں کمی واقع ہوئی ہے، اسلام آباد میں اجلاس سے خطاب کرتے ہوئے انہوں نے کہا کہ پاکستان ترقی کی راہ پر گامزن ہے، اسرائیل اور ایران کے درمیان کشیدگی پر اقوام متحدہ سلامتی کونسل کا اجلاس طلب کیا گیا، وفاقی بجٹ 2025-26 قومی اسمبلی میں پیش کیا گیا جس میں ترقیاتی منصوبوں کے لیے فنڈز مختص کیے گئے، سپریم کورٹ نے کیس کی سماعت ملتوی کر دی، پولیس نے کارروائی کرتے ہوئے ملزمان کو گرفتار کر لیا، محکمہ موسمیات نے ملک کے بیشتر علاقوں میں گرمی کی شدت برقرار رہنے کی پیشگوئی کی ہے، پنجاب حکومت نے صحت اور تعلیم کے شعبوں میں اصلاحات کا اعلان کیا، وزیر خزانہ نے کہا کہ ٹیکس نظام کو بہتر بنایا جائے گا۔
39
چینل نمبر
وزیراعظم شہباز شریف نے کہا ہے کہ حکومت عوام کی فلاح و بہبود کے لیے اقدامات کر رہی ہے، ملک میں معاشی استحکام آ رہا ہے اور مہنگائی میں کمی واقع ہوئی ہے، اسلام آباد میں اجلاس سے خطاب کرتے ہوئے انہوں نے کہا کہ پاکستان ترقی کی راہ پر گامزن ہے، اسرائیل اور ایران کے درمیان کشیدگی پر اقوام متحدہ سلامتی کونسل کا اجلاس طلب کیا گیا، وفاقی بجٹ 2025-26 قومی اسمبلی میں پیش کیا گیا جس میں ترقیاتی منصوبوں کے لیے فنڈز مختص کیے گئے، سپریم کورٹ نے کیس کی سماعت ملتوی کر دی، پولیس نے کارروائی کرتے ہوئے ملزمان کو گرفتار کر لیا، محکمہ موسمیات نے ملک کے بیشتر علاقوں میں گرمی کی شدت برقرار رہنے کی پیشگوئی کی ہے، پنجاب حکومت نے صحت اور تعلیم کے شعبوں میں اصلاحات کا اعلان کیا، وزیر خزانہ نے کہا کہ ٹیکس نظام کو بہتر بنایا جائے گا۔
40
چینل نمبر
وزیراعظم شہباز شریف نے کہا ہے کہ حکومت عوام کی فلاح و بہبود کے لیے اقدامات کر رہی ہے، ملک میں معاشی استحکام آ رہا ہے اور مہنگائی میں کمی واقع ہوئی ہے، اسلام آباد میں اجلاس سے خطاب کرتے ہوئے انہوں نے کہا کہ پاکستان ترقی کی راہ پر گامزن ہے، اسرائیل اور ایران کے درمیان کشیدگی پر اقوام متحدہ سلامتی کونسل کا اجلاس طلب کیا گیا، وفاقی بجٹ 2025-26 قومی اسمبلی میں پیش کیا گیا جس میں ترقیاتی منصوبوں کے لیے فنڈز مختص کیے گئے، سپریم کورٹ نے کیس کی سماعت ملتوی کر دی، پولیس نے کارروائی کرتے ہوئے ملزمان کو گرفتار کر لیا، محکمہ موسمیات نے ملک کے بیشتر علاقوں میں گرمی کی شدت برقرار رہنے کی پیشگوئی کی ہے، پنجاب حکومت نے صحت اور تعلیم کے شعبوں میں اصلاحات کا اعلان کیا، وزیر خزانہ نے کہا کہ ٹیکس نظام کو بہتر بنایا جائے گا۔
41
چینل نمبر
وزیراعظم شہباز شریف نے کہا ہے کہ حکومت عوام کی فلاح و بہبود کے لیے اقدامات کر رہی ہے، ملک میں معاشی استحکام آ رہا ہے اور مہنگائی میں کمی واقع ہوئی ہے، اسلام آباد میں اجلاس سے خطاب کرتے ہوئے انہوں نے کہا کہ پاکستان ترقی کی راہ پر گامزن ہے، اسرائیل اور ایران کے درمیان کشیدگی پر اقوام متحدہ سلامتی کونسل کا اجلاس طلب کیا گیا، وفاقی بجٹ 2025-26 قومی اسمبلی میں پیش کیا گیا جس میں ترقیاتی منصوبوں کے لیے فنڈز مختص کیے گئے، سپریم کورٹ نے کیس کی سماعت ملتوی کر دی، پولیس نے کارروائی کرتے ہوئے ملزمان کو گرفتار کر لیا، محکمہ موسمیات نے ملک کے بیشتر علاقوں میں گرمی کی شدت برقرار رہنے کی پیشگوئی کی ہے، پنجاب حکومت نے صحت اور تعلیم کے شعبوں میں اصلاحات کا اعلان کیا، وزیر خزانہ نے کہا کہ ٹیکس نظام کو بہتر بنایا جائے گا۔
42
چینل نمبر
وزیراعظم شہباز شریف نے کہا ہے کہ حکومت عوام کی فلاح و بہبود کے لیے اقدامات کر رہی ہے، ملک میں معاشی استحکام آ رہا ہے اور مہنگائی میں کمی واقع ہوئی ہے، اسلام آباد میں اجلاس سے خطاب کرتے ہوئے انہوں نے کہا کہ پاکستان ترقی کی راہ پر گامزن ہے، اسرائیل اور ایران کے درمیان کشیدگی پر اقوام متحدہ سلامتی کونسل کا اجلاس طلب کیا گیا، وفاقی بجٹ 2025-26 قومی اسمبلی میں پیش کیا گیا جس میں ترقیاتی منصوبوں کے لیے فنڈز مختص کیے گئے، سپریم کورٹ نے کیس کی سماعت ملتوی کر دی، پولیس نے کارروائی کرتے ہوئے ملزمان کو گرفتار کر لیا، محکمہ موسمیات نے ملک کے بیشتر علاقوں میں گرمی کی شدت برقرار رہنے کی پیشگوئی کی ہے، پنجاب حکومت نے صحت اور تعلیم کے شعبوں میں اصلاحات کا اعلان کیا، وزیر خزانہ نے کہا کہ ٹیکس نظام کو بہتر بنایا جائے گا۔
43
چینل نمبر
وزیراعظم شہباز شریف نے کہا ہے کہ حکومت عوام کی فلاح و بہبود کے لیے اقدامات کر رہی ہے، ملک میں معاشی استحکام آ رہا ہے اور مہنگائی میں کمی واقع ہوئی ہے، اسلام آباد میں اجلاس سے خطاب کرتے ہوئے انہوں نے کہا کہ پاکستان ترقی کی راہ پر گامزن ہے، اسرائیل اور ایران کے درمیان کشیدگی پر اقوام متحدہ سلامتی کونسل کا اجلاس طلب کیا گیا، وفاقی بجٹ 2025-26 قومی اسمبلی میں پیش کیا گیا جس میں ترقیاتی منصوبوں کے لیے فنڈز مختص کیے گئے، سپریم کورٹ نے کیس کی سماعت ملتوی کر دی، پولیس نے کارروائی کرتے ہوئے ملزمان کو گرفتار کر لیا، محکمہ موسمیات نے ملک کے بیشتر علاقوں میں گرمی کی شدت برقرار رہنے کی پیشگوئی کی ہے، پنجاب حکومت نے صحت اور تعلیم کے شعبوں میں اصلاحات کا اعلان کیا، وزیر خزانہ نے کہا کہ ٹیکس نظام کو بہتر بنایا جائے گا۔
44
چینل نمبر
وزیراعظم شہباز شریف نے کہا ہے کہ حکومت عوام کی فلاح و بہبود کے لیے اقدامات کر رہی ہے، ملک میں معاشی استحکام آ رہا ہے اور مہنگائی میں کمی واقع ہوئی ہے، اسلام آباد میں اجلاس سے خطاب کرتے ہوئے انہوں نے کہا کہ پاکستان ترقی کی راہ پر گامزن ہے، اسرائیل اور ایران کے درمیان کشیدگی پر اقوام متحدہ سلامتی کونسل کا اجلاس طلب کیا گیا، وفاقی بجٹ 2025-26 قومی اسمبلی میں پیش کیا گیا جس میں ترقیاتی منصوبوں کے لیے فنڈز مختص کیے گئے، سپریم کورٹ نے کیس کی سماعت ملتوی کر دی، پولیس نے کارروائی کرتے ہوئے ملزمان کو گرفتار کر لیا، محکمہ موسمیات نے ملک کے بیشتر علاقوں میں گرمی کی شدت برقرار رہنے کی پیشگوئی کی ہے، پنجاب حکومت نے صحت اور تعلیم کے شعبوں میں اصلاحات کا اعلان کیا، وزیر خزانہ نے کہا کہ ٹیکس نظام کو بہتر بنایا جائے گا۔
45
چینل نمبر
وزیراعظم شہباز شریف نے کہا ہے کہ حکومت عوام کی فلاح و بہبود کے لیے اقدامات کر رہی ہے، ملک میں معاشی استحکام آ رہا ہے اور مہنگائی میں کمی واقع ہوئی ہے، اسلام آباد میں اجلاس سے خطاب کرتے ہوئے انہوں نے کہا کہ پاکستان ترقی کی راہ پر گامزن ہے، اسرائیل اور ایران کے درمیان کشیدگی پر اقوام متحدہ سلامتی کونسل کا اجلاس طلب کیا گیا، وفاقی بجٹ 2025-26 قومی اسمبلی میں پیش کیا گیا جس میں ترقیاتی منصوبوں کے لیے فنڈز مختص کیے گئے، سپریم کورٹ نے کیس کی سماعت ملتوی کر دی، پولیس نے کارروائی کرتے ہوئے ملزمان کو گرفتار کر لیا، محکمہ موسمیات نے ملک کے بیشتر علاقوں میں گرمی کی شدت برقرار رہنے کی پیشگوئی کی ہے، پنجاب حکومت نے صحت اور تعلیم کے شعبوں میں اصلاحات کا اعلان کیا، وزیر خزانہ نے کہا کہ ٹیکس نظام کو بہتر بنایا جائے گا۔
46
چینل نمبر
وزیراعظم شہباز شریف نے کہا ہے کہ حکومت عوام کی فلاح و بہبود کے لیے اقدامات کر رہی ہے، ملک میں معاشی استحکام آ رہا ہے اور مہنگائی میں کمی واقع ہوئی ہے، اسلام آباد میں اجلاس سے خطاب کرتے ہوئے انہوں نے کہا کہ پاکستان ترقی کی راہ پر گامزن ہے، اسرائیل اور ایران کے درمیان کشیدگی پر اقوام متحدہ سلامتی کونسل کا اجلاس طلب کیا گیا، وفاقی بجٹ 2025-26 قومی اسمبلی میں پیش کیا گیا جس میں ترقیاتی منصوبوں کے لیے فنڈز مختص کیے گئے، سپریم کورٹ نے کیس کی سماعت ملتوی کر دی، پولیس نے کارروائی کرتے ہوئے ملزمان کو گرفتار کر لیا، محکمہ موسمیات نے ملک کے بیشتر علاقوں میں گرمی کی شدت برقرار رہنے کی پیشگوئی کی ہے، پنجاب حکومت نے صحت اور تعلیم کے شعبوں میں اصلاحات کا اعلان کیا، وزیر خزانہ نے کہا کہ ٹیکس نظام کو بہتر بنایا جائے گا۔
47
چینل نمبر
وزیراعظم شہباز شریف نے کہا ہے کہ حکومت عوام کی فلاح و بہبود کے لیے اقدامات کر رہی ہے، ملک میں معاشی استحکام آ رہا ہے اور مہنگائی میں کمی واقع ہوئی ہے، اسلام آباد میں اجلاس سے خطاب کرتے ہوئے انہوں نے کہا کہ پاکستان ترقی کی راہ پر گامزن ہے، اسرائیل اور ایران کے درمیان کشیدگی پر اقوام متحدہ سلامتی کونسل کا اجلاس طلب کیا گیا، وفاقی بجٹ 2025-26 قومی اسمبلی میں پیش کیا گیا جس میں ترقیاتی منصوبوں کے لیے فنڈز مختص کیے گئے، سپریم کورٹ نے کیس کی سماعت ملتوی کر دی، پولیس نے کارروائی کرتے ہوئے ملزمان کو گرفتار کر لیا، محکمہ موسمیات نے ملک کے بیشتر علاقوں میں گرمی کی شدت برقرار رہنے کی پیشگوئی کی ہے، پنجاب حکومت نے صحت اور تعلیم کے شعبوں میں اصلاحات کا اعلان کیا، وزیر خزانہ نے کہا کہ ٹیکس نظام کو بہتر بنایا جائے گا۔
48
چینل نمبر
وزیراعظم شہباز شریف نے کہا ہے کہ حکومت عوام کی فلاح و بہبود کے لیے اقدامات کر رہی ہے، ملک میں معاشی استحکام آ رہا ہے اور مہنگائی میں کمی واقع ہوئی ہے، اسلام آباد میں اجلاس سے خطاب کرتے ہوئے انہوں نے کہا کہ پاکستان ترقی کی راہ پر گامزن ہے، اسرائیل اور ایران کے درمیان کشیدگی پر اقوام متحدہ سلامتی کونسل کا اجلاس طلب کیا گیا، وفاقی بجٹ 2025-26 قومی اسمبلی میں پیش کیا گیا جس میں ترقیاتی منصوبوں کے لیے فنڈز مختص کیے گئے، سپریم کورٹ نے کیس کی سماعت ملتوی کر دی، پولیس نے کارروائی کرتے ہوئے ملزمان کو گرفتار کر لیا، محکمہ موسمیات نے ملک کے بیشتر علاقوں میں گرمی کی شدت برقرار رہنے کی پیشگوئی کی ہے، پنجاب حکومت نے صحت اور تعلیم کے شعبوں میں اصلاحات کا اعلان کیا، وزیر خزانہ نے کہا کہ ٹیکس نظام کو بہتر بنایا جائے گا۔
49
چینل نمبر
وزیراعظم شہباز شریف نے کہا ہے کہ حکومت عوام کی فلاح و بہبود کے لیے اقدامات کر رہی ہے، ملک میں معاشی استحکام آ رہا ہے اور مہنگائی میں کمی واقع ہوئی ہے، اسلام آباد میں اجلاس سے خطاب کرتے ہوئے انہوں نے کہا کہ پاکستان ترقی کی راہ پر گامزن ہے، اسرائیل اور ایران کے درمیان کشیدگی پر اقوام متحدہ سلامتی کونسل کا اجلاس طلب کیا گیا، وفاقی بجٹ 2025-26 قومی اسمبلی میں پیش کیا گیا جس میں ترقیاتی منصوبوں کے لیے فنڈز مختص کیے گئے، سپریم کورٹ نے کیس کی سماعت ملتوی کر دی، پولیس نے کارروائی کرتے ہوئے ملزمان کو گرفتار کر لیا، محکمہ موسمیات نے ملک کے بیشتر علاقوں میں گرمی کی شدت برقرار رہنے کی پیشگوئی کی ہے، پنجاب حکومت نے صحت اور تعلیم کے شعبوں میں اصلاحات کا اعلان کیا، وزیر خزانہ نے کہا کہ ٹیکس نظام کو بہتر بنایا جائے گا۔
50
چینل نمبر
وزیراعظم شہباز شریف نے کہا ہے کہ حکومت عوام کی فلاح و بہبود کے لیے اقدامات کر رہی ہے، ملک میں معاشی استحکام آ رہا ہے اور مہنگائی میں کمی واقع ہوئی ہے، اسلام آباد میں اجلاس سے خطاب کرتے ہوئے انہوں نے کہا کہ پاکستان ترقی کی راہ پر گامزن ہے، اسرائیل اور ایران کے درمیان کشیدگی پر اقوام متحدہ سلامتی کونسل کا اجلاس طلب کیا گیا، وفاقی بجٹ 2025-26 قومی اسمبلی میں پیش کیا گیا جس میں ترقیاتی منصوبوں کے لیے فنڈز مختص کیے گئے، سپریم کورٹ نے کیس کی سماعت ملتوی کر دی، پولیس نے کارروائی کرتے ہوئے ملزمان کو گرفتار کر لیا، محکمہ موسمیات نے ملک کے بیشتر علاقوں میں گرمی کی شدت برقرار رہنے کی پیشگوئی کی ہے، پنجاب حکومت نے صحت اور تعلیم کے شعبوں میں اصلاحات کا اعلان کیا، وزیر خزانہ نے کہا کہ ٹیکس نظام کو بہتر بنایا جائے گا۔
51
چینل نمبر
وزیراعظم شہباز شریف نے کہا ہے کہ حکومت عوام کی فلاح و بہبود کے لیے اقدامات کر رہی ہے، ملک میں معاشی استحکام آ رہا ہے اور مہنگائی میں کمی واقع ہوئی ہے، اسلام آباد میں اجلاس سے خطاب کرتے ہوئے انہوں نے کہا کہ پاکستان ترقی کی راہ پر گامزن ہے، اسرائیل اور ایران کے درمیان کشیدگی پر اقوام متحدہ سلامتی کونسل کا اجلاس طلب کیا گیا، وفاقی بجٹ 2025-26 قومی اسمبلی میں پیش کیا گیا جس میں ترقیاتی منصوبوں کے لیے فنڈز مختص کیے گئے، سپریم کورٹ نے کیس کی سماعت ملتوی کر دی، پولیس نے کارروائی کرتے ہوئے ملزمان کو گرفتار کر لیا، محکمہ موسمیات نے ملک کے بیشتر علاقوں میں گرمی کی شدت برقرار رہنے کی پیشگوئی کی ہے، پنجاب حکومت نے صحت اور تعلیم کے شعبوں میں اصلاحات کا اعلان کیا، وزیر خزانہ نے کہا کہ ٹیکس نظام کو بہتر بنایا جائے گا۔
52
چینل نمبر
وزیراعظم شہباز شریف نے کہا ہے کہ حکومت عوام کی فلاح و بہبود کے لیے اقدامات کر رہی ہے، ملک میں معاشی استحکام آ رہا ہے اور مہنگائی میں کمی واقع ہوئی ہے، اسلام آباد میں اجلاس سے خطاب کرتے ہوئے انہوں نے کہا کہ پاکستان ترقی کی راہ پر گامزن ہے، اسرائیل اور ایران کے درمیان کشیدگی پر اقوام متحدہ سلامتی کونسل کا اجلاس طلب کیا گیا، وفاقی بجٹ 2025-26 قومی اسمبلی میں پیش کیا گیا جس میں ترقیاتی منصوبوں کے لیے فنڈز مختص کیے گئے، سپریم کورٹ نے کیس کی سماعت ملتوی کر دی، پولیس نے کارروائی کرتے ہوئے ملزمان کو گرفتار کر لیا، محکمہ موسمیات نے ملک کے بیشتر علاقوں میں گرمی کی شدت برقرار رہنے کی پیشگوئی کی ہے، پنجاب حکومت نے صحت اور تعلیم کے شعبوں میں اصلاحات کا اعلان کیا، وزیر خزانہ نے کہا کہ ٹیکس نظام کو بہتر بنایا جائے گا۔
53
چینل نمبر
وزیراعظم شہباز شریف نے کہا ہے کہ حکومت عوام کی فلاح و بہبود کے لیے اقدامات کر رہی ہے، ملک میں معاشی استحکام آ رہا ہے اور مہنگائی میں کمی واقع ہوئی ہے، اسلام آباد میں اجلاس سے خطاب کرتے ہوئے انہوں نے کہا کہ پاکستان ترقی کی راہ پر گامزن ہے، اسرائیل اور ایران کے درمیان کشیدگی پر اقوام متحدہ سلامتی کونسل کا اجلاس طلب کیا گیا، وفاقی بجٹ 2025-26 قومی اسمبلی میں پیش کیا گیا جس میں ترقیاتی منصوبوں کے لیے فنڈز مختص کیے گئے، سپریم کورٹ نے کیس کی سماعت ملتوی کر دی، پولیس نے کارروائی کرتے ہوئے ملزمان کو گرفتار کر لیا، محکمہ موسمیات نے ملک کے بیشتر علاقوں میں گرمی کی شدت برقرار رہنے کی پیشگوئی کی ہے، پنجاب حکومت نے صحت اور تعلیم کے شعبوں میں اصلاحات کا اعلان کیا، وزیر خزانہ نے کہا کہ ٹیکس نظام کو بہتر بنایا جائے گا۔
54
چینل نمبر
وزیراعظم شہباز شریف نے کہا ہے کہ حکومت عوام کی فلاح و بہبود کے لیے اقدامات کر رہی ہے، ملک میں معاشی استحکام آ رہا ہے اور مہنگائی میں کمی واقع ہوئی ہے، اسلام آباد میں اجلاس سے خطاب کرتے ہوئے انہوں نے کہا کہ پاکستان ترقی کی راہ پر گامزن ہے، اسرائیل اور ایران کے درمیان کشیدگی پر اقوام متحدہ سلامتی کونسل کا اجلاس طلب کیا گیا، وفاقی بجٹ 2025-26 قومی اسمبلی میں پیش کیا گیا جس میں ترقیاتی منصوبوں کے لیے فنڈز مختص کیے گئے، سپریم کورٹ نے کیس کی سماعت ملتوی کر دی، پولیس نے کارروائی کرتے ہوئے ملزمان کو گرفتار کر لیا، محکمہ موسمیات نے ملک کے بیشتر علاقوں میں گرمی کی شدت برقرار رہنے کی پیشگوئی کی ہے، پنجاب حکومت نے صحت اور تعلیم کے شعبوں میں اصلاحات کا اعلان کیا، وزیر خزانہ نے کہا کہ ٹیکس نظام کو بہتر بنایا جائے گا۔
55
چینل نمبر
وزیراعظم شہباز شریف نے کہا ہے کہ حکومت عوام کی فلاح و بہبود کے لیے اقدامات کر رہی ہے، ملک میں معاشی استحکام آ رہا ہے اور مہنگائی میں کمی واقع ہوئی ہے، اسلام آباد میں اجلاس سے خطاب کرتے ہوئے انہوں نے کہا کہ پاکستان ترقی کی راہ پر گامزن ہے، اسرائیل اور ایران کے درمیان کشیدگی پر اقوام متحدہ سلامتی کونسل کا اجلاس طلب کیا گیا، وفاقی بجٹ 2025-26 قومی اسمبلی میں پیش کیا گیا جس میں ترقیاتی منصوبوں کے لیے فنڈز مختص کیے گئے، سپریم کورٹ نے کیس کی سماعت ملتوی کر دی، پولیس نے کارروائی کرتے ہوئے ملزمان کو گرفتار کر لیا، محکمہ موسمیات نے ملک کے بیشتر علاقوں میں گرمی کی شدت برقرار رہنے کی پیشگوئی کی ہے، پنجاب حکومت نے صحت اور تعلیم کے شعبوں میں اصلاحات کا اعلان کیا، وزیر خزانہ نے کہا کہ ٹیکس نظام کو بہتر بنایا جائے گا۔
56
چینل نمبر
وزیراعظم شہباز شریف نے کہا ہے کہ حکومت عوام کی فلاح و بہبود کے لیے اقدامات کر رہی ہے، ملک میں معاشی استحکام آ رہا ہے اور مہنگائی میں کمی واقع ہوئی ہے، اسلام آباد میں اجلاس سے خطاب کرتے ہوئے انہوں نے کہا کہ پاکستان ترقی کی راہ پر گامزن ہے، اسرائیل اور ایران کے درمیان کشیدگی پر اقوام متحدہ سلامتی کونسل کا اجلاس طلب کیا گیا، وفاقی بجٹ 2025-26 قومی اسمبلی میں پیش کیا گیا جس میں ترقیاتی منصوبوں کے لیے فنڈز مختص کیے گئے، سپریم کورٹ نے کیس کی سماعت ملتوی کر دی، پولیس نے کارروائی کرتے ہوئے ملزمان کو گرفتار کر لیا، محکمہ موسمیات نے ملک کے بیشتر علاقوں میں گرمی کی شدت برقرار رہنے کی پیشگوئی کی ہے، پنجاب حکومت نے صحت اور تعلیم کے شعبوں میں اصلاحات کا اعلان کیا، وزیر خزانہ نے کہا کہ ٹیکس نظام کو بہتر بنایا جائے گا۔
57
چینل نمبر
وزیراعظم شہباز شریف نے کہا ہے کہ حکومت عوام کی فلاح و بہبود کے لیے اقدامات کر رہی ہے، ملک میں معاشی استحکام آ رہا ہے اور مہنگائی میں کمی واقع ہوئی ہے، اسلام آباد میں اجلاس سے خطاب کرتے ہوئے انہوں نے کہا کہ پاکستان ترقی کی راہ پر گامزن ہے، اسرائیل اور ایران کے درمیان کشیدگی پر اقوام متحدہ سلامتی کونسل کا اجلاس طلب کیا گیا، وفاقی بجٹ 2025-26 قومی اسمبلی میں پیش کیا گیا جس میں ترقیاتی منصوبوں کے لیے فنڈز مختص کیے گئے، سپریم کورٹ نے کیس کی سماعت ملتوی کر دی، پولیس نے کارروائی کرتے ہوئے ملزمان کو گرفتار کر لیا، محکمہ موسمیات نے ملک کے بیشتر علاقوں میں گرمی کی شدت برقرار رہنے کی پیشگوئی کی ہے، پنجاب حکومت نے صحت اور تعلیم کے شعبوں میں اصلاحات کا اعلان کیا، وزیر خزانہ نے کہا کہ ٹیکس نظام کو بہتر بنایا جائے گا۔
58
چینل نمبر
وزیراعظم شہباز شریف نے کہا ہے کہ حکومت عوام کی فلاح و بہبود کے لیے اقدامات کر رہی ہے، ملک میں معاشی استحکام آ رہا ہے اور مہنگائی میں کمی واقع ہوئی ہے، اسلام آباد میں اجلاس سے خطاب کرتے ہوئے انہوں نے کہا کہ پاکستان ترقی کی راہ پر گامزن ہے، اسرائیل اور ایران کے درمیان کشیدگی پر اقوام متحدہ سلامتی کونسل کا اجلاس طلب کیا گیا، وفاقی بجٹ 2025-26 قومی اسمبلی میں پیش کیا گیا جس میں ترقیاتی منصوبوں کے لیے فنڈز مختص کیے گئے، سپریم کورٹ نے کیس کی سماعت ملتوی کر دی، پولیس نے کارروائی کرتے ہوئے ملزمان کو گرفتار کر لیا، محکمہ موسمیات نے ملک کے بیشتر علاقوں میں گرمی کی شدت برقرار رہنے کی پیشگوئی کی ہے، پنجاب حکومت نے صحت اور تعلیم کے شعبوں میں اصلاحات کا اعلان کیا، وزیر خزانہ نے کہا کہ ٹیکس نظام کو بہتر بنایا جائے گا۔
59
چینل نمبر
وزیراعظم شہباز شریف نے کہا ہے کہ حکومت عوام کی فلاح و بہبود کے لیے اقدامات کر رہی ہے، ملک میں معاشی استحکام آ رہا ہے اور مہنگائی میں کمی واقع ہوئی ہے، اسلام آباد میں اجلاس سے خطاب کرتے ہوئے انہوں نے کہا کہ پاکستان ترقی کی راہ پر گامزن ہے، اسرائیل اور ایران کے درمیان کشیدگی پر اقوام متحدہ سلامتی کونسل کا اجلاس طلب کیا گیا، وفاقی بجٹ 2025-26 قومی اسمبلی میں پیش کیا گیا جس میں ترقیاتی منصوبوں کے لیے فنڈز مختص کیے گئے، سپریم کورٹ نے کیس کی سماعت ملتوی کر دی، پولیس نے کارروائی کرتے ہوئے ملزمان کو گرفتار کر لیا، محکمہ موسمیات نے ملک کے بیشتر علاقوں میں گرمی کی شدت برقرار رہنے کی پیشگوئی کی ہے، پنجاب حکومت نے صحت اور تعلیم کے شعبوں میں اصلاحات کا اعلان کیا، وزیر خزانہ نے کہا کہ ٹیکس نظام کو بہتر بنایا جائے گا۔
60
چینل نمبر
وزیراعظم شہباز شریف نے کہا ہے کہ حکومت عوام کی فلاح و بہبود کے لیے اقدامات کر رہی ہے، ملک میں معاشی استحکام آ رہا ہے اور مہنگائی میں کمی واقع ہوئی ہے، اسلام آباد میں اجلاس سے خطاب کرتے ہوئے انہوں نے کہا کہ پاکستان ترقی کی راہ پر گامزن ہے، اسرائیل اور ایران کے درمیان کشیدگی پر اقوام متحدہ سلامتی کونسل کا اجلاس طلب کیا گیا، وفاقی بجٹ 2025-26 قومی اسمبلی میں پیش کیا گیا جس میں ترقیاتی منصوبوں کے لیے فنڈز مختص کیے گئے، سپریم کورٹ نے کیس کی سماعت ملتوی کر دی، پولیس نے کارروائی کرتے ہوئے ملزمان کو گرفتار کر لیا، محکمہ موسمیات نے ملک کے بیشتر علاقوں میں گرمی کی شدت برقرار رہنے کی پیشگوئی کی ہے، پنجاب حکومت نے صحت اور تعلیم کے شعبوں میں اصلاحات کا اعلان کیا، وزیر خزانہ نے کہا کہ ٹیکس نظام کو بہتر بنایا جائے گا۔
61
چینل نمبر
وزیراعظم شہباز شریف نے کہا ہے کہ حکومت عوام کی فلاح و بہبود کے لیے اقدامات کر رہی ہے، ملک میں معاشی استحکام آ رہا ہے اور مہنگائی میں کمی واقع ہوئی ہے، اسلام آباد میں اجلاس سے خطاب کرتے ہوئے انہوں نے کہا کہ پاکستان ترقی کی راہ پر گامزن ہے، اسرائیل اور ایران کے درمیان کشیدگی پر اقوام متحدہ سلامتی کونسل کا اجلاس طلب کیا گیا، وفاقی بجٹ 2025-26 قومی اسمبلی میں پیش کیا گیا جس میں ترقیاتی منصوبوں کے لیے فنڈز مختص کیے گئے، سپریم کورٹ نے کیس کی سماعت ملتوی کر دی، پولیس نے کارروائی کرتے ہوئے ملزمان کو گرفتار کر لیا، محکمہ موسمیات نے ملک کے بیشتر علاقوں میں گرمی کی شدت برقرار رہنے کی پیشگوئی کی ہے، پنجاب حکومت نے صحت اور تعلیم کے شعبوں میں اصلاحات کا اعلان کیا، وزیر خزانہ نے کہا کہ ٹیکس نظام کو بہتر بنایا جائے گا۔
62
چینل نمبر
وزیراعظم شہباز شریف نے کہا ہے کہ حکومت عوام کی فلاح و بہبود کے لیے اقدامات کر رہی ہے، ملک میں معاشی استحکام آ رہا ہے اور مہنگائی میں کمی واقع ہوئی ہے، اسلام آباد میں اجلاس سے خطاب کرتے ہوئے انہوں نے کہا کہ پاکستان ترقی کی راہ پر گامزن ہے، اسرائیل اور ایران کے درمیان کشیدگی پر اقوام متحدہ سلامتی کونسل کا اجلاس طلب کیا گیا، وفاقی بجٹ 2025-26 قومی اسمبلی میں پیش کیا گیا جس میں ترقیاتی منصوبوں کے لیے فنڈز مختص کیے گئے، سپریم کورٹ نے کیس کی سماعت ملتوی کر دی، پولیس نے کارروائی کرتے ہوئے ملزمان کو گرفتار کر لیا، محکمہ موسمیات نے ملک کے بیشتر علاقوں میں گرمی کی شدت برقرار رہنے کی پیشگوئی کی ہے، پنجاب حکومت نے صحت اور تعلیم کے شعبوں میں اصلاحات کا اعلان کیا، وزیر خزانہ نے کہا کہ ٹیکس نظام کو بہتر بنایا جائے گا۔
63
چینل نمبر
وزیراعظم شہباز شریف نے کہا ہے کہ حکومت عوام کی فلاح و بہبود کے لیے اقدامات کر رہی ہے، ملک میں معاشی استحکام آ رہا ہے اور مہنگائی میں کمی واقع ہوئی ہے، اسلام آباد میں اجلاس سے خطاب کرتے ہوئے انہوں نے کہا کہ پاکستان ترقی کی راہ پر گامزن ہے، اسرائیل اور ایران کے درمیان کشیدگی پر اقوام متحدہ سلامتی کونسل کا اجلاس طلب کیا گیا، وفاقی بجٹ 2025-26 قومی اسمبلی میں پیش کیا گیا جس میں ترقیاتی منصوبوں کے لیے فنڈز مختص کیے گئے، سپریم کورٹ نے کیس کی سماعت ملتوی کر دی، پولیس نے کارروائی کرتے ہوئے ملزمان کو گرفتار کر لیا، محکمہ موسمیات نے ملک کے بیشتر علاقوں میں گرمی کی شدت برقرار رہنے کی پیشگوئی کی ہے، پنجاب حکومت نے صحت اور تعلیم کے شعبوں میں اصلاحات کا اعلان کیا، وزیر خزانہ نے کہا کہ ٹیکس نظام کو بہتر بنایا جائے گا۔
64
چینل نمبر
وزیراعظم شہباز شریف نے کہا ہے کہ حکومت عوام کی فلاح و بہبود کے لیے اقدامات کر رہی ہے، ملک میں معاشی استحکام آ رہا ہے اور مہنگائی میں کمی واقع ہوئی ہے، اسلام آباد میں اجلاس سے خطاب کرتے ہوئے انہوں نے کہا کہ پاکستان ترقی کی راہ پر گامزن ہے، اسرائیل اور ایران کے درمیان کشیدگی پر اقوام متحدہ سلامتی کونسل کا اجلاس طلب کیا گیا، وفاقی بجٹ 2025-26 قومی اسمبلی میں پیش کیا گیا جس میں ترقیاتی منصوبوں کے لیے فنڈز مختص کیے گئے، سپریم کورٹ نے کیس کی سماعت ملتوی کر دی، پولیس نے کارروائی کرتے ہوئے ملزمان کو گرفتار کر لیا، محکمہ موسمیات نے ملک کے بیشتر علاقوں میں گرمی کی شدت برقرار رہنے کی پیشگوئی کی ہے، پنجاب حکومت نے صحت اور تعلیم کے شعبوں میں اصلاحات کا اعلان کیا، وزیر خزانہ نے کہا کہ ٹیکس نظام کو بہتر بنایا جائے گا۔
65
چینل نمبر
وزیراعظم شہباز شریف نے کہا ہے کہ حکومت عوام کی فلاح و بہبود کے لیے اقدامات کر رہی ہے، ملک میں معاشی استحکام آ رہا ہے اور مہنگائی میں کمی واقع ہوئی ہے، اسلام آباد میں اجلاس سے خطاب کرتے ہوئے انہوں نے کہا کہ پاکستان ترقی کی راہ پر گامزن ہے، اسرائیل اور ایران کے درمیان کشیدگی پر اقوام متحدہ سلامتی کونسل کا اجلاس طلب کیا گیا، وفاقی بجٹ 2025-26 قومی اسمبلی میں پیش کیا گیا جس میں ترقیاتی منصوبوں کے لیے فنڈز مختص کیے گئے، سپریم کورٹ نے کیس کی سماعت ملتوی کر دی، پولیس نے کارروائی کرتے ہوئے ملزمان کو گرفتار کر لیا، محکمہ موسمیات نے ملک کے بیشتر علاقوں میں گرمی کی شدت برقرار رہنے کی پیشگوئی کی ہے، پنجاب حکومت نے صحت اور تعلیم کے شعبوں میں اصلاحات کا اعلان کیا، وزیر خزانہ نے کہا کہ ٹیکس نظام کو بہتر بنایا جائے گا۔
66
چینل نمبر
وزیراعظم شہباز شریف نے کہا ہے کہ حکومت عوام کی فلاح و بہبود کے لیے اقدامات کر رہی ہے، ملک میں معاشی استحکام آ رہا ہے اور مہنگائی میں کمی واقع ہوئی ہے، اسلام آباد میں اجلاس سے خطاب کرتے ہوئے انہوں نے کہا کہ پاکستان ترقی کی راہ پر گامزن ہے، اسرائیل اور ایران کے درمیان کشیدگی پر اقوام متحدہ سلامتی کونسل کا اجلاس طلب کیا گیا، وفاقی بجٹ 2025-26 قومی اسمبلی میں پیش کیا گیا جس میں ترقیاتی منصوبوں کے لیے فنڈز مختص کیے گئے، سپریم کورٹ نے کیس کی سماعت ملتوی کر دی، پولیس نے کارروائی کرتے ہوئے ملزمان کو گرفتار کر لیا، محکمہ موسمیات نے ملک کے بیشتر علاقوں میں گرمی کی شدت برقرار رہنے کی پیشگوئی کی ہے، پنجاب حکومت نے صحت اور تعلیم کے شعبوں میں اصلاحات کا اعلان کیا، وزیر خزانہ نے کہا کہ ٹیکس نظام کو بہتر بنایا جائے گا۔
67
چینل نمبر
وزیراعظم شہباز شریف نے کہا ہے کہ حکومت عوام کی فلاح و بہبود کے لیے اقدامات کر رہی ہے، ملک میں معاشی استحکام آ رہا ہے اور مہنگائی میں کمی واقع ہوئی ہے، اسلام آباد میں اجلاس سے خطاب کرتے ہوئے انہوں نے کہا کہ پاکستان ترقی کی راہ پر گامزن ہے، اسرائیل اور ایران کے درمیان کشیدگی پر اقوام متحدہ سلامتی کونسل کا اجلاس طلب کیا گیا، وفاقی بجٹ 2025-26 قومی اسمبلی میں پیش کیا گیا جس میں ترقیاتی منصوبوں کے لیے فنڈز مختص کیے گئے، سپریم کورٹ نے کیس کی سماعت ملتوی کر دی، پولیس نے کارروائی کرتے ہوئے ملزمان کو گرفتار کر لیا، محکمہ موسمیات نے ملک کے بیشتر علاقوں میں گرمی کی شدت برقرار رہنے کی پیشگوئی کی ہے، پنجاب حکومت نے صحت اور تعلیم کے شعبوں میں اصلاحات کا اعلان کیا، وزیر خزانہ نے کہا کہ ٹیکس نظام کو بہتر بنایا جائے گا۔
68
چینل نمبر
وزیراعظم شہباز شریف نے کہا ہے کہ حکومت عوام کی فلاح و بہبود کے لیے اقدامات کر رہی ہے، ملک میں معاشی استحکام آ رہا ہے اور مہنگائی میں کمی واقع ہوئی ہے، اسلام آباد میں اجلاس سے خطاب کرتے ہوئے انہوں نے کہا کہ پاکستان ترقی کی راہ پر گامزن ہے، اسرائیل اور ایران کے درمیان کشیدگی پر اقوام متحدہ سلامتی کونسل کا اجلاس طلب کیا گیا، وفاقی بجٹ 2025-26 قومی اسمبلی میں پیش کیا گیا جس میں ترقیاتی منصوبوں کے لیے فنڈز مختص کیے گئے، سپریم کورٹ نے کیس کی سماعت ملتوی کر دی، پولیس نے کارروائی کرتے ہوئے ملزمان کو گرفتار کر لیا، محکمہ موسمیات نے ملک کے بیشتر علاقوں میں گرمی کی شدت برقرار رہنے کی پیشگوئی کی ہے، پنجاب حکومت نے صحت اور تعلیم کے شعبوں میں اصلاحات کا اعلان کیا، وزیر خزانہ نے کہا کہ ٹیکس نظام کو بہتر بنایا جائے گا۔
69
چینل نمبر
وزیراعظم شہباز شریف نے کہا ہے کہ حکومت عوام کی فلاح و بہبود کے لیے اقدامات کر رہی ہے، ملک میں معاشی استحکام آ رہا ہے اور مہنگائی میں کمی واقع ہوئی ہے، اسلام آباد میں اجلاس سے خطاب کرتے ہوئے انہوں نے کہا کہ پاکستان ترقی کی راہ پر گامزن ہے، اسرائیل اور ایران کے درمیان کشیدگی پر اقوام متحدہ سلامتی کونسل کا اجلاس طلب کیا گیا، وفاقی بجٹ 2025-26 قومی اسمبلی میں پیش کیا گیا جس میں ترقیاتی منصوبوں کے لیے فنڈز مختص کیے گئے، سپریم کورٹ نے کیس کی سماعت ملتوی کر دی، پولیس نے کارروائی کرتے ہوئے ملزمان کو گرفتار کر لیا، محکمہ موسمیات نے ملک کے بیشتر علاقوں میں گرمی کی شدت برقرار رہنے کی پیشگوئی کی ہے، پنجاب حکومت نے صحت اور تعلیم کے شعبوں میں اصلاحات کا اعلان کیا، وزیر خزانہ نے کہا کہ ٹیکس نظام کو بہتر بنایا جائے گا۔
70
چینل نمبر
وزیراعظم شہباز شریف نے کہا ہے کہ حکومت عوام کی فلاح و بہبود کے لیے اقدامات کر رہی ہے، ملک میں معاشی استحکام آ رہا ہے اور مہنگائی میں کمی واقع ہوئی ہے، اسلام آباد میں اجلاس سے خطاب کرتے ہوئے انہوں نے کہا کہ پاکستان ترقی کی راہ پر گامزن ہے، اسرائیل اور ایران کے درمیان کشیدگی پر اقوام متحدہ سلامتی کونسل کا اجلاس طلب کیا گیا، وفاقی بجٹ 2025-26 قومی اسمبلی میں پیش کیا گیا جس میں ترقیاتی منصوبوں کے لیے فنڈز مختص کیے گئے، سپریم کورٹ نے کیس کی سماعت ملتوی کر دی، پولیس نے کارروائی کرتے ہوئے ملزمان کو گرفتار کر لیا، محکمہ موسمیات نے ملک کے بیشتر علاقوں میں گرمی کی شدت برقرار رہنے کی پیشگوئی کی ہے، پنجاب حکومت نے صحت اور تعلیم کے شعبوں میں اصلاحات کا اعلان کیا، وزیر خزانہ نے کہا کہ ٹیکس نظام کو بہتر بنایا جائے گا۔
71
چینل نمبر
وزیراعظم شہباز شریف نے کہا ہے کہ حکومت عوام کی فلاح و بہبود کے لیے اقدامات کر رہی ہے، ملک میں معاشی استحکام آ رہا ہے اور مہنگائی میں کمی واقع ہوئی ہے، اسلام آباد میں اجلاس سے خطاب کرتے ہوئے انہوں نے کہا کہ پاکستان ترقی کی راہ پر گامزن ہے، اسرائیل اور ایران کے درمیان کشیدگی پر اقوام متحدہ سلامتی کونسل کا اجلاس طلب کیا گیا، وفاقی بجٹ 2025-26 قومی اسمبلی میں پیش کیا گیا جس میں ترقیاتی منصوبوں کے لیے فنڈز مختص کیے گئے، سپریم کورٹ نے کیس کی سماعت ملتوی کر دی، پولیس نے کارروائی کرتے ہوئے ملزمان کو گرفتار کر لیا، محکمہ موسمیات نے ملک کے بیشتر علاقوں میں گرمی کی شدت برقرار رہنے کی پیشگوئی کی ہے، پنجاب حکومت نے صحت اور تعلیم کے شعبوں میں اصلاحات کا اعلان کیا، وزیر خزانہ نے کہا کہ ٹیکس نظام کو بہتر بنایا جائے گا۔
72
چینل نمبر
وزیراعظم شہباز شریف نے کہا ہے کہ حکومت عوام کی فلاح و بہبود کے لیے اقدامات کر رہی ہے، ملک میں معاشی استحکام آ رہا ہے اور مہنگائی میں کمی واقع ہوئی ہے، اسلام آباد میں اجلاس سے خطاب کرتے ہوئے انہوں نے کہا کہ پاکستان ترقی کی راہ پر گامزن ہے، اسرائیل اور ایران کے درمیان کشیدگی پر اقوام متحدہ سلامتی کونسل کا اجلاس طلب کیا گیا، وفاقی بجٹ 2025-26 قومی اسمبلی میں پیش کیا گیا جس میں ترقیاتی منصوبوں کے لیے فنڈز مختص کیے گئے، سپریم کورٹ نے کیس کی سماعت ملتوی کر دی، پولیس نے کارروائی کرتے ہوئے ملزمان کو گرفتار کر لیا، محکمہ موسمیات نے ملک کے بیشتر علاقوں میں گرمی کی شدت برقرار رہنے کی پیشگوئی کی ہے، پنجاب حکومت نے صحت اور تعلیم کے شعبوں میں اصلاحات کا اعلان کیا، وزیر خزانہ نے کہا کہ ٹیکس نظام کو بہتر بنایا جائے گا۔
73
چینل نمبر
وزیراعظم شہباز شریف نے کہا ہے کہ حکومت عوام کی فلاح و بہبود کے لیے اقدامات کر رہی ہے، ملک میں معاشی استحکام آ رہا ہے اور مہنگائی میں کمی واقع ہوئی ہے، اسلام آباد میں اجلاس سے خطاب کرتے ہوئے انہوں نے کہا کہ پاکستان ترقی کی راہ پر گامزن ہے، اسرائیل اور ایران کے درمیان کشیدگی پر اقوام متحدہ سلامتی کونسل کا اجلاس طلب کیا گیا، وفاقی بجٹ 2025-26 قومی اسمبلی میں پیش کیا گیا جس میں ترقیاتی منصوبوں کے لیے فنڈز مختص کیے گئے، سپریم کورٹ نے کیس کی سماعت ملتوی کر دی، پولیس نے کارروائی کرتے ہوئے ملزمان کو گرفتار کر لیا، محکمہ موسمیات نے ملک کے بیشتر علاقوں میں گرمی کی شدت برقرار رہنے کی پیشگوئی کی ہے، پنجاب حکومت نے صحت اور تعلیم کے شعبوں میں اصلاحات کا اعلان کیا، وزیر خزانہ نے کہا کہ ٹیکس نظام کو بہتر بنایا جائے گا۔
74
چینل نمبر
وزیراعظم شہباز شریف نے کہا ہے کہ حکومت عوام کی فلاح و بہبود کے لیے اقدامات کر رہی ہے، ملک میں معاشی استحکام آ رہا ہے اور مہنگائی میں کمی واقع ہوئی ہے، اسلام آباد میں اجلاس سے خطاب کرتے ہوئے انہوں نے کہا کہ پاکستان ترقی کی راہ پر گامزن ہے، اسرائیل اور ایران کے درمیان کشیدگی پر اقوام متحدہ سلامتی کونسل کا اجلاس طلب کیا گیا، وفاقی بجٹ 2025-26 قومی اسمبلی میں پیش کیا گیا جس میں ترقیاتی منصوبوں کے لیے فنڈز مختص کیے گئے، سپریم کورٹ نے کیس کی سماعت ملتوی کر دی، پولیس نے کارروائی کرتے ہوئے ملزمان کو گرفتار کر لیا، محکمہ موسمیات نے ملک کے بیشتر علاقوں میں گرمی کی شدت برقرار رہنے کی پیشگوئی کی ہے، پنجاب حکومت نے صحت اور تعلیم کے شعبوں میں اصلاحات کا اعلان کیا، وزیر خزانہ نے کہا کہ ٹیکس نظام کو بہتر بنایا جائے گا۔
75
چینل نمبر
وزیراعظم شہباز شریف نے کہا ہے کہ حکومت عوام کی فلاح و بہبود کے لیے اقدامات کر رہی ہے، ملک میں معاشی استحکام آ رہا ہے اور مہنگائی میں کمی واقع ہوئی ہے، اسلام آباد میں اجلاس سے خطاب کرتے ہوئے انہوں نے کہا کہ پاکستان ترقی کی راہ پر گامزن ہے، اسرائیل اور ایران کے درمیان کشیدگی پر اقوام متحدہ سلامتی کونسل کا اجلاس طلب کیا گیا، وفاقی بجٹ 2025-26 قومی اسمبلی میں پیش کیا گیا جس میں ترقیاتی منصوبوں کے لیے فنڈز مختص کیے گئے، سپریم کورٹ نے کیس کی سماعت ملتوی کر دی، پولیس نے کارروائی کرتے ہوئے ملزمان کو گرفتار کر لیا، محکمہ موسمیات نے ملک کے بیشتر علاقوں میں گرمی کی شدت برقرار رہنے کی پیشگوئی کی ہے، پنجاب حکومت نے صحت اور تعلیم کے شعبوں میں اصلاحات کا اعلان کیا، وزیر خزانہ نے کہا کہ ٹیکس نظام کو بہتر بنایا جائے گا۔
76
چینل نمبر
وزیراعظم شہباز شریف نے کہا ہے کہ حکومت عوام کی فلاح و بہبود کے لیے اقدامات کر رہی ہے، ملک میں معاشی استحکام آ رہا ہے اور مہنگائی میں کمی واقع ہوئی ہے، اسلام آباد میں اجلاس سے خطاب کرتے ہوئے انہوں نے کہا کہ پاکستان ترقی کی راہ پر گامزن ہے، اسرائیل اور ایران کے درمیان کشیدگی پر اقوام متحدہ سلامتی کونسل کا اجلاس طلب کیا گیا، وفاقی بجٹ 2025-26 قومی اسمبلی میں پیش کیا گیا جس میں ترقیاتی منصوبوں کے لیے فنڈز مختص کیے گئے، سپریم کورٹ نے کیس کی سماعت ملتوی کر دی، پولیس نے کارروائی کرتے ہوئے ملزمان کو گرفتار کر لیا، محکمہ موسمیات نے ملک کے بیشتر علاقوں میں گرمی کی شدت برقرار رہنے کی پیشگوئی کی ہے، پنجاب حکومت نے صحت اور تعلیم کے شعبوں میں اصلاحات کا اعلان کیا، وزیر خزانہ نے کہا کہ ٹیکس نظام کو بہتر بنایا جائے گا۔
77
چینل نمبر
وزیراعظم شہباز شریف نے کہا ہے کہ حکومت عوام کی فلاح و بہبود کے لیے اقدامات کر رہی ہے، ملک میں معاشی استحکام آ رہا ہے اور مہنگائی میں کمی واقع ہوئی ہے، اسلام آباد میں اجلاس سے خطاب کرتے ہوئے انہوں نے کہا کہ پاکستان ترقی کی راہ پر گامزن ہے، اسرائیل اور ایران کے درمیان کشیدگی پر اقوام متحدہ سلامتی کونسل کا اجلاس طلب کیا گیا، وفاقی بجٹ 2025-26 قومی اسمبلی میں پیش کیا گیا جس میں ترقیاتی منصوبوں کے لیے فنڈز مختص کیے گئے، سپریم کورٹ نے کیس کی سماعت ملتوی کر دی، پولیس نے کارروائی کرتے ہوئے ملزمان کو گرفتار کر لیا، محکمہ موسمیات نے ملک کے بیشتر علاقوں میں گرمی کی شدت برقرار رہنے کی پیشگوئی کی ہے، پنجاب حکومت نے صحت اور تعلیم کے شعبوں میں اصلاحات کا اعلان کیا، وزیر خزانہ نے کہا کہ ٹیکس نظام کو بہتر بنایا جائے گا۔
78
چینل نمبر
وزیراعظم شہباز شریف نے کہا ہے کہ حکومت عوام کی فلاح و بہبود کے لیے اقدامات کر رہی ہے، ملک میں معاشی استحکام آ رہا ہے اور مہنگائی میں کمی واقع ہوئی ہے، اسلام آباد میں اجلاس سے خطاب کرتے ہوئے انہوں نے کہا کہ پاکستان ترقی کی راہ پر گامزن ہے، اسرائیل اور ایران کے درمیان کشیدگی پر اقوام متحدہ سلامتی کونسل کا اجلاس طلب کیا گیا، وفاقی بجٹ 2025-26 قومی اسمبلی میں پیش کیا گیا جس میں ترقیاتی منصوبوں کے لیے فنڈز مختص کیے گئے، سپریم کورٹ نے کیس کی سماعت ملتوی کر دی، پولیس نے کارروائی کرتے ہوئے ملزمان کو گرفتار کر لیا، محکمہ موسمیات نے ملک کے بیشتر علاقوں میں گرمی کی شدت برقرار رہنے کی پیشگوئی کی ہے، پنجاب حکومت نے صحت اور تعلیم کے شعبوں میں اصلاحات کا اعلان کیا، وزیر خزانہ نے کہا کہ ٹیکس نظام کو بہتر بنایا جائے گا۔
79
چینل نمبر
وزیراعظم شہباز شریف نے کہا ہے کہ حکومت عوام کی فلاح و بہبود کے لیے اقدامات کر رہی ہے، ملک میں معاشی استحکام آ رہا ہے اور مہنگائی میں کمی واقع ہوئی ہے، اسلام آباد میں اجلاس سے خطاب کرتے ہوئے انہوں نے کہا کہ پاکستان ترقی کی راہ پر گامزن ہے، اسرائیل اور ایران کے درمیان کشیدگی پر اقوام متحدہ سلامتی کونسل کا اجلاس طلب کیا گیا، وفاقی بجٹ 2025-26 قومی اسمبلی میں پیش کیا گیا جس میں ترقیاتی منصوبوں کے لیے فنڈز مختص کیے گئے، سپریم کورٹ نے کیس کی سماعت ملتوی کر دی، پولیس نے کارروائی کرتے ہوئے ملزمان کو گرفتار کر لیا، محکمہ موسمیات نے ملک کے بیشتر علاقوں میں گرمی کی شدت برقرار رہنے کی پیشگوئی کی ہے، پنجاب حکومت نے صحت اور تعلیم کے شعبوں میں اصلاحات کا اعلان کیا، وزیر خزانہ نے کہا کہ ٹیکس نظام کو بہتر بنایا جائے گا۔
80
چینل نمبر
وزیراعظم شہباز شریف نے کہا ہے کہ حکومت عوام کی فلاح و بہبود کے لیے اقدامات کر رہی ہے، ملک میں معاشی استحکام آ رہا ہے اور مہنگائی میں کمی واقع ہوئی ہے، اسلام آباد میں اجلاس سے خطاب کرتے ہوئے انہوں نے کہا کہ پاکستان ترقی کی راہ پر گامزن ہے، اسرائیل اور ایران کے درمیان کشیدگی پر اقوام متحدہ سلامتی کونسل کا اجلاس طلب کیا گیا، وفاقی بجٹ 2025-26 قومی اسمبلی میں پیش کیا گیا جس میں ترقیاتی منصوبوں کے لیے فنڈز مختص کیے گئے، سپریم کورٹ نے کیس کی سماعت ملتوی کر دی، پولیس نے کارروائی کرتے ہوئے ملزمان کو گرفتار کر لیا، محکمہ موسمیات نے ملک کے بیشتر علاقوں میں گرمی کی شدت برقرار رہنے کی پیشگوئی کی ہے، پنجاب حکومت نے صحت اور تعلیم کے شعبوں میں اصلاحات کا اعلان کیا، وزیر خزانہ نے کہا کہ ٹیکس نظام کو بہتر بنایا جائے گا۔
81
چینل نمبر
وزیراعظم شہباز شریف نے کہا ہے کہ حکومت عوام کی فلاح و بہبود کے لیے اقدامات کر رہی ہے، ملک میں معاشی استحکام آ رہا ہے اور مہنگائی میں کمی واقع ہوئی ہے، اسلام آباد میں اجلاس سے خطاب کرتے ہوئے انہوں نے کہا کہ پاکستان ترقی کی راہ پر گامزن ہے، اسرائیل اور ایران کے درمیان کشیدگی پر اقوام متحدہ سلامتی کونسل کا اجلاس طلب کیا گیا، وفاقی بجٹ 2025-26 قومی اسمبلی میں پیش کیا گیا جس میں ترقیاتی منصوبوں کے لیے فنڈز مختص کیے گئے، سپریم کورٹ نے کیس کی سماعت ملتوی کر دی، پولیس نے کارروائی کرتے ہوئے ملزمان کو گرفتار کر لیا، محکمہ موسمیات نے ملک کے بیشتر علاقوں میں گرمی کی شدت برقرار رہنے کی پیشگوئی کی ہے، پنجاب حکومت نے صحت اور تعلیم کے شعبوں میں اصلاحات کا اعلان کیا، وزیر خزانہ نے کہا کہ ٹیکس نظام کو بہتر بنایا جائے گا۔
82
چینل نمبر
وزیراعظم شہباز شریف نے کہا ہے کہ حکومت عوام کی فلاح و بہبود کے لیے اقدامات کر رہی ہے، ملک میں معاشی استحکام آ رہا ہے اور مہنگائی میں کمی واقع ہوئی ہے، اسلام آباد میں اجلاس سے خطاب کرتے ہوئے انہوں نے کہا کہ پاکستان ترقی کی راہ پر گامزن ہے، اسرائیل اور ایران کے درمیان کشیدگی پر اقوام متحدہ سلامتی کونسل کا اجلاس طلب کیا گیا، وفاقی بجٹ 2025-26 قومی اسمبلی میں پیش کیا گیا جس میں ترقیاتی منصوبوں کے لیے فنڈز مختص کیے گئے، سپریم کورٹ نے کیس کی سماعت ملتوی کر دی، پولیس نے کارروائی کرتے ہوئے ملزمان کو گرفتار کر لیا، محکمہ موسمیات نے ملک کے بیشتر علاقوں میں گرمی کی شدت برقرار رہنے کی پیشگوئی کی ہے، پنجاب حکومت نے صحت اور تعلیم کے شعبوں میں اصلاحات کا اعلان کیا، وزیر خزانہ نے کہا کہ ٹیکس نظام کو بہتر بنایا جائے گا۔
83
چینل نمبر
وزیراعظم شہباز شریف نے کہا ہے کہ حکومت عوام کی فلاح و بہبود کے لیے اقدامات کر رہی ہے، ملک میں معاشی استحکام آ رہا ہے اور مہنگائی میں کمی واقع ہوئی ہے، اسلام آباد میں اجلاس سے خطاب کرتے ہوئے انہوں نے کہا کہ پاکستان ترقی کی راہ پر گامزن ہے، اسرائیل اور ایران کے درمیان کشیدگی پر اقوام متحدہ سلامتی کونسل کا اجلاس طلب کیا گیا، وفاقی بجٹ 2025-26 قومی اسمبلی میں پیش کیا گیا جس میں ترقیاتی منصوبوں کے لیے فنڈز مختص کیے گئے، سپریم کورٹ نے کیس کی سماعت ملتوی کر دی، پولیس نے کارروائی کرتے ہوئے ملزمان کو گرفتار کر لیا، محکمہ موسمیات نے ملک کے بیشتر علاقوں میں گرمی کی شدت برقرار رہنے کی پیشگوئی کی ہے، پنجاب حکومت نے صحت اور تعلیم کے شعبوں میں اصلاحات کا اعلان کیا، وزیر خزانہ نے کہا کہ ٹیکس نظام کو بہتر بنایا جائے گا۔
84
چینل نمبر
وزیراعظم شہباز شریف نے کہا ہے کہ حکومت عوام کی فلاح و بہبود کے لیے اقدامات کر رہی ہے، ملک میں معاشی استحکام آ رہا ہے اور مہنگائی میں کمی واقع ہوئی ہے، اسلام آباد میں اجلاس سے خطاب کرتے ہوئے انہوں نے کہا کہ پاکستان ترقی کی راہ پر گامزن ہے، اسرائیل اور ایران کے درمیان کشیدگی پر اقوام متحدہ سلامتی کونسل کا اجلاس طلب کیا گیا، وفاقی بجٹ 2025-26 قومی اسمبلی میں پیش کیا گیا جس میں ترقیاتی منصوبوں کے لیے فنڈز مختص کیے گئے، سپریم کورٹ نے کیس کی سماعت ملتوی کر دی، پولیس نے کارروائی کرتے ہوئے ملزمان کو گرفتار کر لیا، محکمہ موسمیات نے ملک کے بیشتر علاقوں میں گرمی کی شدت برقرار رہنے کی پیشگوئی کی ہے، پنجاب حکومت نے صحت اور تعلیم کے شعبوں میں اصلاحات کا اعلان کیا، وزیر خزانہ نے کہا کہ ٹیکس نظام کو بہتر بنایا جائے گا۔
85
چینل نمبر
وزیراعظم شہباز شریف نے کہا ہے کہ حکومت عوام کی فلاح و بہبود کے لیے اقدامات کر رہی ہے، ملک میں معاشی استحکام آ رہا ہے اور مہنگائی میں کمی واقع ہوئی ہے، اسلام آباد میں اجلاس سے خطاب کرتے ہوئے انہوں نے کہا کہ پاکستان ترقی کی راہ پر گامزن ہے، اسرائیل اور ایران کے درمیان کشیدگی پر اقوام متحدہ سلامتی کونسل کا اجلاس طلب کیا گیا، وفاقی بجٹ 2025-26 قومی اسمبلی میں پیش کیا گیا جس میں ترقیاتی منصوبوں کے لیے فنڈز مختص کیے گئے، سپریم کورٹ نے کیس کی سماعت ملتوی کر دی، پولیس نے کارروائی کرتے ہوئے ملزمان کو گرفتار کر لیا، محکمہ موسمیات نے ملک کے بیشتر علاقوں میں گرمی کی شدت برقرار رہنے کی پیشگوئی کی ہے، پنجاب حکومت نے صحت اور تعلیم کے شعبوں میں اصلاحات کا اعلان کیا، وزیر خزانہ نے کہا کہ ٹیکس نظام کو بہتر بنایا جائے گا۔
